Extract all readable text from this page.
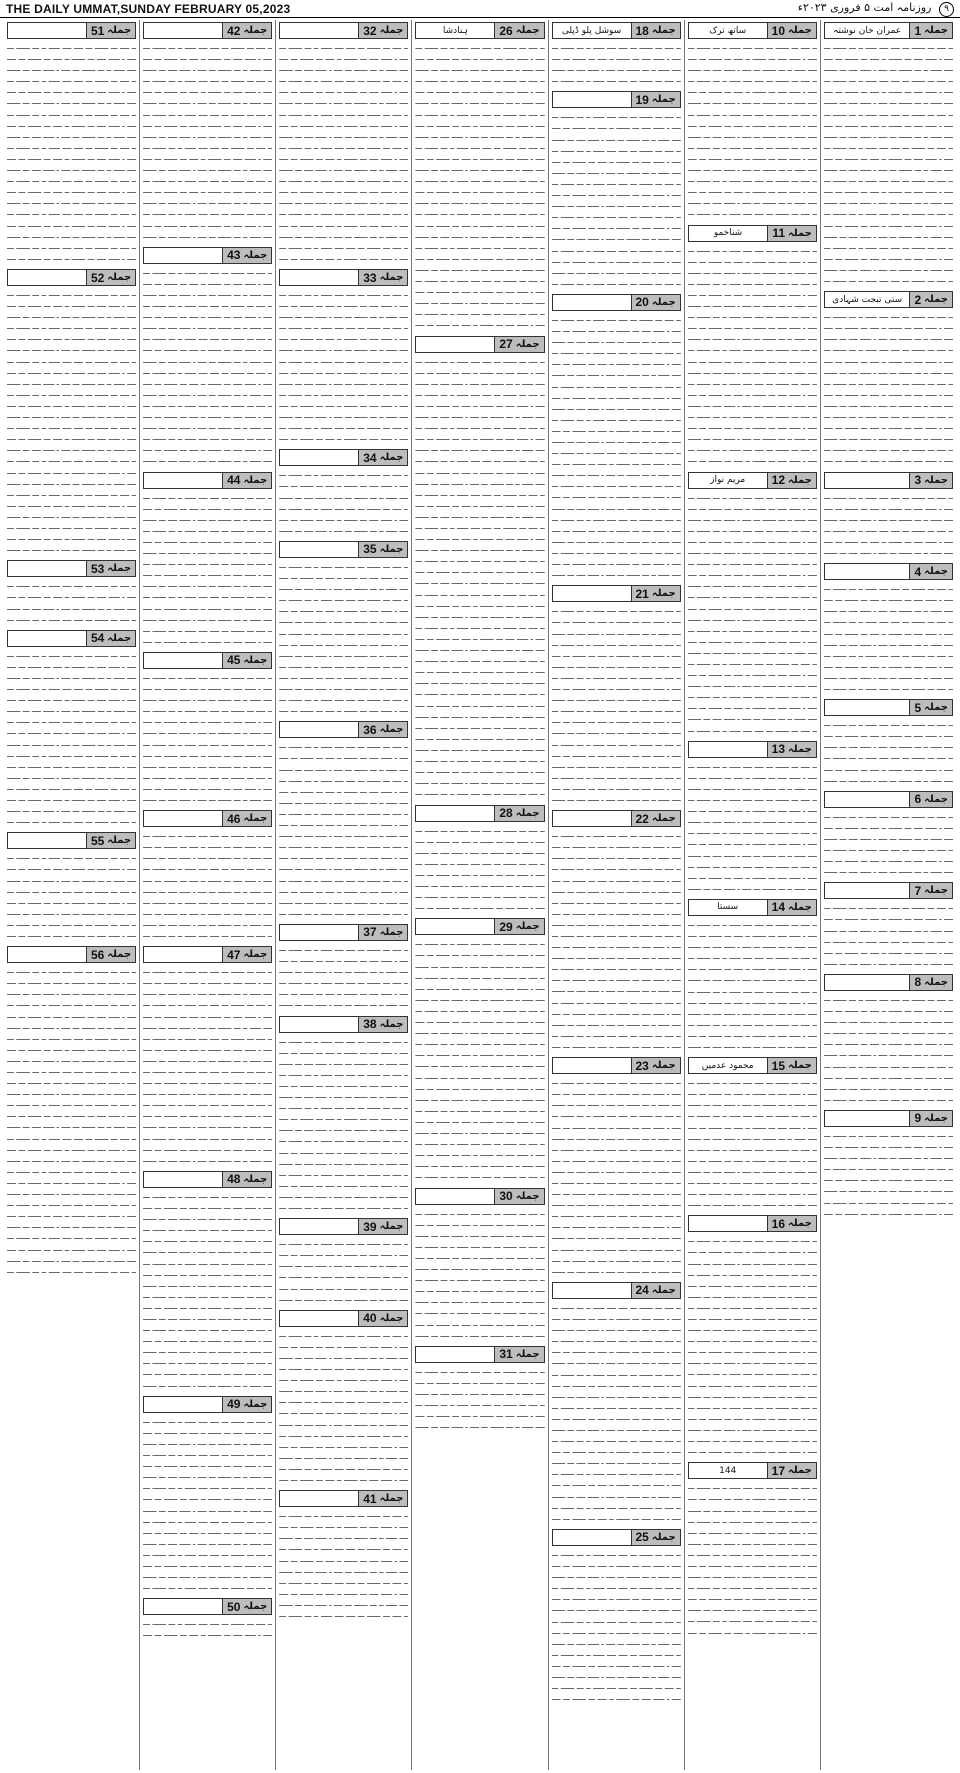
THE DAILY UMMAT,SUNDAY FEBRUARY 05,2023	۹ روزنامہ امت ۵ فروری ۲۰۲۳ء
جملہ
1
عمران خان نوشتہ
ــ ــــ ـــ ــــــ ـــ ــــ ــــ ـــــ ــ ـــ ــــــ ـــ ــــ ـ ـــــ ــــ ـــ ــــــ ــ ــــ ـــ ــــــ ـــ ــــ ــــ ـــــ ــ ـــ ــــــ ـــ ــــ ـ ـــــ ــــ ـــ ــــــ ــ ــــ ـــ ــــــ ـــ ــــ ــــ ـــــ ــ ـــ ــــــ ـــ ــــ ـ ـــــ ــــ ـــ ــــــ ــ ــــ ـــ ــــــ ـــ ــــ ــــ ـــــ ــ ـــ ــــــ ـــ ــــ ـ ـــــ ــــ ـــ ــــــ ــ ــــ ـــ ــــــ ـــ ــــ ــــ ـــــ ــ ـــ ــــــ ـــ ــــ ـ ـــــ ــــ ـــ ــــــ ــ ــــ ـــ ــــــ ـــ ــــ ــــ ـــــ ــ ـــ ــــــ ـــ ــــ ـ ـــــ ــــ ـــ ــــــ ــ ــــ ـــ ــــــ ـــ ــــ ــــ ـــــ ــ ـــ ــــــ ـــ ــــ ـ ـــــ ــــ ـــ ــــــ ــ ــــ ـــ ــــــ ـــ ــــ ــــ ـــــ ــ ـــ ــــــ ـــ ــــ ـ ـــــ ــــ ـــ ــــــ ــ ــــ ـــ ــــــ ـــ ــــ ــــ ـــــ ــ ـــ ــــــ ـــ ــــ ـ ـــــ ــــ ـــ ــــــ ــ ــــ ـــ ــــــ ـــ ــــ ــــ ـــــ ــ ـــ ــــــ ـــ ــــ ـ ـــــ ــــ ـــ ــــــ ــ ــــ ـــ ــــــ ـــ ــــ ــــ ـــــ ــ ـــ ــــــ ـــ ــــ ـ ـــــ ــــ ـــ ــــــ ــ ــــ ـــ ــــــ ـــ ــــ ــــ ـــــ ــ ـــ ــــــ ـــ ــــ ـ ـــــ ــــ ـــ ــــــ ــ ــــ ـــ ــــــ ـــ ــــ ــــ ـــــ ــ ـــ ــــــ ـــ ــــ ـ ـــــ ــــ ـــ ــــــ ــ ــــ ـــ ــــــ ـــ ــــ ــــ ـــــ ــ ـــ ــــــ ـــ ــــ ـ ـــــ ــــ ـــ ــــــ ــ ــــ ـــ ــــــ ـــ ــــ ــــ ـــــ ــ ـــ ــــــ ـــ
جملہ
2
ستی تبجت شہادی
ــ ــــ ـــ ــــــ ـــ ــــ ــــ ـــــ ــ ـــ ــــــ ـــ ــــ ـ ـــــ ــــ ـــ ــــــ ــ ــــ ـــ ــــــ ـــ ــــ ــــ ـــــ ــ ـــ ــــــ ـــ ــــ ـ ـــــ ــــ ـــ ــــــ ــ ــــ ـــ ــــــ ـــ ــــ ــــ ـــــ ــ ـــ ــــــ ـــ ــــ ـ ـــــ ــــ ـــ ــــــ ــ ــــ ـــ ــــــ ـــ ــــ ــــ ـــــ ــ ـــ ــــــ ـــ ــــ ـ ـــــ ــــ ـــ ــــــ ــ ــــ ـــ ــــــ ـــ ــــ ــــ ـــــ ــ ـــ ــــــ ـــ ــــ ـ ـــــ ــــ ـــ ــــــ ــ ــــ ـــ ــــــ ـــ ــــ ــــ ـــــ ــ ـــ ــــــ ـــ ــــ ـ ـــــ ــــ ـــ ــــــ ــ ــــ ـــ ــــــ ـــ ــــ ــــ ـــــ ــ ـــ ــــــ ـــ ــــ ـ ـــــ ــــ ـــ ــــــ ــ ــــ ـــ ــــــ ـــ ــــ ــــ ـــــ ــ ـــ ــــــ ـــ ــــ ـ ـــــ ــــ ـــ ــــــ ــ ــــ ـــ ــــــ ـــ ــــ ــــ ـــــ ــ ـــ ــــــ ـــ ــــ ـ ـــــ ــــ ـــ ــــــ ــ ــــ ـــ ــــــ ـــ ــــ
جملہ
3
ــ ــــ ـــ ــــــ ـــ ــــ ــــ ـــــ ــ ـــ ــــــ ـــ ــــ ـ ـــــ ــــ ـــ ــــــ ــ ــــ ـــ ــــــ ـــ ــــ ــــ ـــــ ــ ـــ ــــــ ـــ ــــ ـ ـــــ ــــ ـــ ــــــ ــ ــــ ـــ ــــــ ـــ ــــ ــــ ـــــ ــ ـــ ــــــ ـــ ــــ ـ ـــــ ــــ ـــ ــــــ ــ ــــ ـــ ــــــ ـــ ــــ ــــ ـــــ ــ ـــ ــــــ ـــ ــــ ـ ـــــ ــــ ـــ ــــــ
جملہ
4
ــ ــــ ـــ ــــــ ـــ ــــ ــــ ـــــ ــ ـــ ــــــ ـــ ــــ ـ ـــــ ــــ ـــ ــــــ ــ ــــ ـــ ــــــ ـــ ــــ ــــ ـــــ ــ ـــ ــــــ ـــ ــــ ـ ـــــ ــــ ـــ ــــــ ــ ــــ ـــ ــــــ ـــ ــــ ــــ ـــــ ــ ـــ ــــــ ـــ ــــ ـ ـــــ ــــ ـــ ــــــ ــ ــــ ـــ ــــــ ـــ ــــ ــــ ـــــ ــ ـــ ــــــ ـــ ــــ ـ ـــــ ــــ ـــ ــــــ ــ ــــ ـــ ــــــ ـــ ــــ ــــ ـــــ ــ ـــ ــــــ ـــ ــــ ـ ـــــ ــــ ـــ ــــــ ــ ــــ ـــ ــــــ ـــ ــــ ــــ ـــــ ــ ـــ ــــــ ـــ ــــ ـ ـــــ ــــ ـــ ــــــ ــ ــــ ـــ ــــــ ـــ ــــ ــــ ـــــ ــ ـــ ــــــ ـــ
جملہ
5
ــ ــــ ـــ ــــــ ـــ ــــ ــــ ـــــ ــ ـــ ــــــ ـــ ــــ ـ ـــــ ــــ ـــ ــــــ ــ ــــ ـــ ــــــ ـــ ــــ ــــ ـــــ ــ ـــ ــــــ ـــ ــــ ـ ـــــ ــــ ـــ ــــــ ــ ــــ ـــ ــــــ ـــ ــــ ــــ ـــــ ــ ـــ ــــــ ـــ ــــ ـ ـــــ ــــ ـــ ــــــ ــ ــــ ـــ ــــــ ـــ ــــ ــــ ـــــ ــ ـــ ــــــ ـــ ــــ ـ ـــــ ــــ ـــ ــــــ
جملہ
6
ــ ــــ ـــ ــــــ ـــ ــــ ــــ ـــــ ــ ـــ ــــــ ـــ ــــ ـ ـــــ ــــ ـــ ــــــ ــ ــــ ـــ ــــــ ـــ ــــ ــــ ـــــ ــ ـــ ــــــ ـــ ــــ ـ ـــــ ــــ ـــ ــــــ ــ ــــ ـــ ــــــ ـــ ــــ ــــ ـــــ ــ ـــ ــــــ ـــ ــــ ـ ـــــ ــــ ـــ ــــــ ــ ــــ ـــ ــــــ ـــ ــــ ــــ ـــــ ــ ـــ ــــــ ـــ ــــ ـ ـــــ ــــ ـــ ــــــ
جملہ
7
ــ ــــ ـــ ــــــ ـــ ــــ ــــ ـــــ ــ ـــ ــــــ ـــ ــــ ـ ـــــ ــــ ـــ ــــــ ــ ــــ ـــ ــــــ ـــ ــــ ــــ ـــــ ــ ـــ ــــــ ـــ ــــ ـ ـــــ ــــ ـــ ــــــ ــ ــــ ـــ ــــــ ـــ ــــ ــــ ـــــ ــ ـــ ــــــ ـــ ــــ ـ ـــــ ــــ ـــ ــــــ ــ ــــ ـــ ــــــ ـــ ــــ ــــ ـــــ ــ ـــ ــــــ ـــ ــــ ـ ـــــ ــــ ـــ ــــــ
جملہ
8
ــ ــــ ـــ ــــــ ـــ ــــ ــــ ـــــ ــ ـــ ــــــ ـــ ــــ ـ ـــــ ــــ ـــ ــــــ ــ ــــ ـــ ــــــ ـــ ــــ ــــ ـــــ ــ ـــ ــــــ ـــ ــــ ـ ـــــ ــــ ـــ ــــــ ــ ــــ ـــ ــــــ ـــ ــــ ــــ ـــــ ــ ـــ ــــــ ـــ ــــ ـ ـــــ ــــ ـــ ــــــ ــ ــــ ـــ ــــــ ـــ ــــ ــــ ـــــ ــ ـــ ــــــ ـــ ــــ ـ ـــــ ــــ ـــ ــــــ ــ ــــ ـــ ــــــ ـــ ــــ ــــ ـــــ ــ ـــ ــــــ ـــ ــــ ـ ـــــ ــــ ـــ ــــــ ــ ــــ ـــ ــــــ ـــ ــــ ــــ ـــــ ــ ـــ ــــــ ـــ ــــ ـ ـــــ ــــ ـــ ــــــ ــ ــــ ـــ ــــــ ـــ ــــ ــــ ـــــ ــ ـــ ــــــ ـــ
جملہ
9
ــ ــــ ـــ ــــــ ـــ ــــ ــــ ـــــ ــ ـــ ــــــ ـــ ــــ ـ ـــــ ــــ ـــ ــــــ ــ ــــ ـــ ــــــ ـــ ــــ ــــ ـــــ ــ ـــ ــــــ ـــ ــــ ـ ـــــ ــــ ـــ ــــــ ــ ــــ ـــ ــــــ ـــ ــــ ــــ ـــــ ــ ـــ ــــــ ـــ ــــ ـ ـــــ ــــ ـــ ــــــ ــ ــــ ـــ ــــــ ـــ ــــ ــــ ـــــ ــ ـــ ــــــ ـــ ــــ ـ ـــــ ــــ ـــ ــــــ ــ ــــ ـــ ــــــ ـــ ــــ ــــ ـــــ ــ ـــ ــــــ ـــ ــــ ـ ـــــ ــــ ـــ ــــــ ــ ــــ ـــ ــــــ ـــ ــــ
جملہ
10
ساتھ ترک
ــ ــــ ـــ ــــــ ـــ ــــ ــــ ـــــ ــ ـــ ــــــ ـــ ــــ ـ ـــــ ــــ ـــ ــــــ ــ ــــ ـــ ــــــ ـــ ــــ ــــ ـــــ ــ ـــ ــــــ ـــ ــــ ـ ـــــ ــــ ـــ ــــــ ــ ــــ ـــ ــــــ ـــ ــــ ــــ ـــــ ــ ـــ ــــــ ـــ ــــ ـ ـــــ ــــ ـــ ــــــ ــ ــــ ـــ ــــــ ـــ ــــ ــــ ـــــ ــ ـــ ــــــ ـــ ــــ ـ ـــــ ــــ ـــ ــــــ ــ ــــ ـــ ــــــ ـــ ــــ ــــ ـــــ ــ ـــ ــــــ ـــ ــــ ـ ـــــ ــــ ـــ ــــــ ــ ــــ ـــ ــــــ ـــ ــــ ــــ ـــــ ــ ـــ ــــــ ـــ ــــ ـ ـــــ ــــ ـــ ــــــ ــ ــــ ـــ ــــــ ـــ ــــ ــــ ـــــ ــ ـــ ــــــ ـــ ــــ ـ ـــــ ــــ ـــ ــــــ ــ ــــ ـــ ــــــ ـــ ــــ ــــ ـــــ ــ ـــ ــــــ ـــ ــــ ـ ـــــ ــــ ـــ ــــــ ــ ــــ ـــ ــــــ ـــ ــــ ــــ ـــــ ــ ـــ ــــــ ـــ ــــ ـ ـــــ ــــ ـــ ــــــ ــ ــــ ـــ ــــــ ـــ ــــ ــــ ـــــ ــ ـــ ــــــ ـــ ــــ ـ ـــــ ــــ ـــ ــــــ ــ ــــ ـــ ــــــ ـــ ــــ ــــ ـــــ ــ ـــ ــــــ ـــ
جملہ
11
شناخمو
ــ ــــ ـــ ــــــ ـــ ــــ ــــ ـــــ ــ ـــ ــــــ ـــ ــــ ـ ـــــ ــــ ـــ ــــــ ــ ــــ ـــ ــــــ ـــ ــــ ــــ ـــــ ــ ـــ ــــــ ـــ ــــ ـ ـــــ ــــ ـــ ــــــ ــ ــــ ـــ ــــــ ـــ ــــ ــــ ـــــ ــ ـــ ــــــ ـــ ــــ ـ ـــــ ــــ ـــ ــــــ ــ ــــ ـــ ــــــ ـــ ــــ ــــ ـــــ ــ ـــ ــــــ ـــ ــــ ـ ـــــ ــــ ـــ ــــــ ــ ــــ ـــ ــــــ ـــ ــــ ــــ ـــــ ــ ـــ ــــــ ـــ ــــ ـ ـــــ ــــ ـــ ــــــ ــ ــــ ـــ ــــــ ـــ ــــ ــــ ـــــ ــ ـــ ــــــ ـــ ــــ ـ ـــــ ــــ ـــ ــــــ ــ ــــ ـــ ــــــ ـــ ــــ ــــ ـــــ ــ ـــ ــــــ ـــ ــــ ـ ـــــ ــــ ـــ ــــــ ــ ــــ ـــ ــــــ ـــ ــــ ــــ ـــــ ــ ـــ ــــــ ـــ ــــ ـ ـــــ ــــ ـــ ــــــ ــ ــــ ـــ ــــــ ـــ ــــ ــــ ـــــ ــ ـــ ــــــ ـــ ــــ ـ ـــــ ــــ ـــ ــــــ ــ ــــ ـــ ــــــ ـــ ــــ ــــ ـــــ ــ ـــ ــــــ ـــ ــــ ـ ـــــ ــــ ـــ ــــــ ــ ــــ ـــ ــــــ ـــ ــــ ــــ ـــــ ــ ـــ ــــــ ـــ ــــ ـ ـــــ ــــ ـــ ــــــ ــ ــــ ـــ ــــــ ـــ ــــ ــــ ـــــ ــ ـــ ــــــ ـــ ــــ ـ ـــــ ــــ ـــ ــــــ ــ ــــ ـــ ــــــ ـــ ــــ ــــ ـــــ ــ ـــ ــــــ ـــ ــــ ـ ـــــ ــــ ـــ ــــــ ــ ــــ ـــ ــــــ ـــ ــــ
جملہ
12
مریم نواز
ــ ــــ ـــ ــــــ ـــ ــــ ــــ ـــــ ــ ـــ ــــــ ـــ ــــ ـ ـــــ ــــ ـــ ــــــ ــ ــــ ـــ ــــــ ـــ ــــ ــــ ـــــ ــ ـــ ــــــ ـــ ــــ ـ ـــــ ــــ ـــ ــــــ ــ ــــ ـــ ــــــ ـــ ــــ ــــ ـــــ ــ ـــ ــــــ ـــ ــــ ـ ـــــ ــــ ـــ ــــــ ــ ــــ ـــ ــــــ ـــ ــــ ــــ ـــــ ــ ـــ ــــــ ـــ ــــ ـ ـــــ ــــ ـــ ــــــ ــ ــــ ـــ ــــــ ـــ ــــ ــــ ـــــ ــ ـــ ــــــ ـــ ــــ ـ ـــــ ــــ ـــ ــــــ ــ ــــ ـــ ــــــ ـــ ــــ ــــ ـــــ ــ ـــ ــــــ ـــ ــــ ـ ـــــ ــــ ـــ ــــــ ــ ــــ ـــ ــــــ ـــ ــــ ــــ ـــــ ــ ـــ ــــــ ـــ ــــ ـ ـــــ ــــ ـــ ــــــ ــ ــــ ـــ ــــــ ـــ ــــ ــــ ـــــ ــ ـــ ــــــ ـــ ــــ ـ ـــــ ــــ ـــ ــــــ ــ ــــ ـــ ــــــ ـــ ــــ ــــ ـــــ ــ ـــ ــــــ ـــ ــــ ـ ـــــ ــــ ـــ ــــــ ــ ــــ ـــ ــــــ ـــ ــــ ــــ ـــــ ــ ـــ ــــــ ـــ ــــ ـ ـــــ ــــ ـــ ــــــ ــ ــــ ـــ ــــــ ـــ ــــ ــــ ـــــ ــ ـــ ــــــ ـــ ــــ ـ ـــــ ــــ ـــ ــــــ ــ ــــ ـــ ــــــ ـــ ــــ ــــ ـــــ ــ ـــ ــــــ ـــ ــــ ـ ـــــ ــــ ـــ ــــــ ــ ــــ ـــ ــــــ ـــ ــــ ــــ ـــــ ــ ـــ ــــــ ـــ ــــ ـ ـــــ ــــ ـــ ــــــ ــ ــــ ـــ ــــــ ـــ ــــ ــــ ـــــ ــ ـــ ــــــ ـــ ــــ ـ ـــــ ــــ ـــ ــــــ ــ ــــ ـــ ــــــ ـــ ــــ ــــ ـــــ ــ ـــ ــــــ ـــ
جملہ
13
ــ ــــ ـــ ــــــ ـــ ــــ ــــ ـــــ ــ ـــ ــــــ ـــ ــــ ـ ـــــ ــــ ـــ ــــــ ــ ــــ ـــ ــــــ ـــ ــــ ــــ ـــــ ــ ـــ ــــــ ـــ ــــ ـ ـــــ ــــ ـــ ــــــ ــ ــــ ـــ ــــــ ـــ ــــ ــــ ـــــ ــ ـــ ــــــ ـــ ــــ ـ ـــــ ــــ ـــ ــــــ ــ ــــ ـــ ــــــ ـــ ــــ ــــ ـــــ ــ ـــ ــــــ ـــ ــــ ـ ـــــ ــــ ـــ ــــــ ــ ــــ ـــ ــــــ ـــ ــــ ــــ ـــــ ــ ـــ ــــــ ـــ ــــ ـ ـــــ ــــ ـــ ــــــ ــ ــــ ـــ ــــــ ـــ ــــ ــــ ـــــ ــ ـــ ــــــ ـــ ــــ ـ ـــــ ــــ ـــ ــــــ ــ ــــ ـــ ــــــ ـــ ــــ ــــ ـــــ ــ ـــ ــــــ ـــ ــــ ـ ـــــ ــــ ـــ ــــــ ــ ــــ ـــ ــــــ ـــ ــــ ــــ ـــــ ــ ـــ ــــــ ـــ ــــ ـ ـــــ ــــ ـــ ــــــ
جملہ
14
سستا
ــ ــــ ـــ ــــــ ـــ ــــ ــــ ـــــ ــ ـــ ــــــ ـــ ــــ ـ ـــــ ــــ ـــ ــــــ ــ ــــ ـــ ــــــ ـــ ــــ ــــ ـــــ ــ ـــ ــــــ ـــ ــــ ـ ـــــ ــــ ـــ ــــــ ــ ــــ ـــ ــــــ ـــ ــــ ــــ ـــــ ــ ـــ ــــــ ـــ ــــ ـ ـــــ ــــ ـــ ــــــ ــ ــــ ـــ ــــــ ـــ ــــ ــــ ـــــ ــ ـــ ــــــ ـــ ــــ ـ ـــــ ــــ ـــ ــــــ ــ ــــ ـــ ــــــ ـــ ــــ ــــ ـــــ ــ ـــ ــــــ ـــ ــــ ـ ـــــ ــــ ـــ ــــــ ــ ــــ ـــ ــــــ ـــ ــــ ــــ ـــــ ــ ـــ ــــــ ـــ ــــ ـ ـــــ ــــ ـــ ــــــ ــ ــــ ـــ ــــــ ـــ ــــ ــــ ـــــ ــ ـــ ــــــ ـــ ــــ ـ ـــــ ــــ ـــ ــــــ ــ ــــ ـــ ــــــ ـــ ــــ ــــ ـــــ ــ ـــ ــــــ ـــ ــــ ـ ـــــ ــــ ـــ ــــــ
جملہ
15
محمود عدمیں
ــ ــــ ـــ ــــــ ـــ ــــ ــــ ـــــ ــ ـــ ــــــ ـــ ــــ ـ ـــــ ــــ ـــ ــــــ ــ ــــ ـــ ــــــ ـــ ــــ ــــ ـــــ ــ ـــ ــــــ ـــ ــــ ـ ـــــ ــــ ـــ ــــــ ــ ــــ ـــ ــــــ ـــ ــــ ــــ ـــــ ــ ـــ ــــــ ـــ ــــ ـ ـــــ ــــ ـــ ــــــ ــ ــــ ـــ ــــــ ـــ ــــ ــــ ـــــ ــ ـــ ــــــ ـــ ــــ ـ ـــــ ــــ ـــ ــــــ ــ ــــ ـــ ــــــ ـــ ــــ ــــ ـــــ ــ ـــ ــــــ ـــ ــــ ـ ـــــ ــــ ـــ ــــــ ــ ــــ ـــ ــــــ ـــ ــــ ــــ ـــــ ــ ـــ ــــــ ـــ ــــ ـ ـــــ ــــ ـــ ــــــ ــ ــــ ـــ ــــــ ـــ ــــ ــــ ـــــ ــ ـــ ــــــ ـــ ــــ ـ ـــــ ــــ ـــ ــــــ ــ ــــ ـــ ــــــ ـــ ــــ ــــ ـــــ ــ ـــ ــــــ ـــ ــــ ـ ـــــ ــــ ـــ ــــــ
جملہ
16
ــ ــــ ـــ ــــــ ـــ ــــ ــــ ـــــ ــ ـــ ــــــ ـــ ــــ ـ ـــــ ــــ ـــ ــــــ ــ ــــ ـــ ــــــ ـــ ــــ ــــ ـــــ ــ ـــ ــــــ ـــ ــــ ـ ـــــ ــــ ـــ ــــــ ــ ــــ ـــ ــــــ ـــ ــــ ــــ ـــــ ــ ـــ ــــــ ـــ ــــ ـ ـــــ ــــ ـــ ــــــ ــ ــــ ـــ ــــــ ـــ ــــ ــــ ـــــ ــ ـــ ــــــ ـــ ــــ ـ ـــــ ــــ ـــ ــــــ ــ ــــ ـــ ــــــ ـــ ــــ ــــ ـــــ ــ ـــ ــــــ ـــ ــــ ـ ـــــ ــــ ـــ ــــــ ــ ــــ ـــ ــــــ ـــ ــــ ــــ ـــــ ــ ـــ ــــــ ـــ ــــ ـ ـــــ ــــ ـــ ــــــ ــ ــــ ـــ ــــــ ـــ ــــ ــــ ـــــ ــ ـــ ــــــ ـــ ــــ ـ ـــــ ــــ ـــ ــــــ ــ ــــ ـــ ــــــ ـــ ــــ ــــ ـــــ ــ ـــ ــــــ ـــ ــــ ـ ـــــ ــــ ـــ ــــــ ــ ــــ ـــ ــــــ ـــ ــــ ــــ ـــــ ــ ـــ ــــــ ـــ ــــ ـ ـــــ ــــ ـــ ــــــ ــ ــــ ـــ ــــــ ـــ ــــ ــــ ـــــ ــ ـــ ــــــ ـــ ــــ ـ ـــــ ــــ ـــ ــــــ ــ ــــ ـــ ــــــ ـــ ــــ ــــ ـــــ ــ ـــ ــــــ ـــ ــــ ـ ـــــ ــــ ـــ ــــــ ــ ــــ ـــ ــــــ ـــ ــــ ــــ ـــــ ــ ـــ ــــــ ـــ ــــ ـ ـــــ ــــ ـــ ــــــ ــ ــــ ـــ ــــــ ـــ ــــ ــــ ـــــ ــ ـــ ــــــ ـــ ــــ ـ ـــــ ــــ ـــ ــــــ ــ ــــ ـــ ــــــ ـــ ــــ
جملہ
17
144
ــ ــــ ـــ ــــــ ـــ ــــ ــــ ـــــ ــ ـــ ــــــ ـــ ــــ ـ ـــــ ــــ ـــ ــــــ ــ ــــ ـــ ــــــ ـــ ــــ ــــ ـــــ ــ ـــ ــــــ ـــ ــــ ـ ـــــ ــــ ـــ ــــــ ــ ــــ ـــ ــــــ ـــ ــــ ــــ ـــــ ــ ـــ ــــــ ـــ ــــ ـ ـــــ ــــ ـــ ــــــ ــ ــــ ـــ ــــــ ـــ ــــ ــــ ـــــ ــ ـــ ــــــ ـــ ــــ ـ ـــــ ــــ ـــ ــــــ ــ ــــ ـــ ــــــ ـــ ــــ ــــ ـــــ ــ ـــ ــــــ ـــ ــــ ـ ـــــ ــــ ـــ ــــــ ــ ــــ ـــ ــــــ ـــ ــــ ــــ ـــــ ــ ـــ ــــــ ـــ ــــ ـ ـــــ ــــ ـــ ــــــ ــ ــــ ـــ ــــــ ـــ ــــ ــــ ـــــ ــ ـــ ــــــ ـــ ــــ ـ ـــــ ــــ ـــ ــــــ ــ ــــ ـــ ــــــ ـــ ــــ ــــ ـــــ ــ ـــ ــــــ ـــ ــــ ـ ـــــ ــــ ـــ ــــــ ــ ــــ ـــ ــــــ ـــ ــــ ــــ ـــــ ــ ـــ ــــــ ـــ ــــ ـ ـــــ ــــ ـــ ــــــ ــ ــــ ـــ ــــــ ـــ ــــ
جملہ
18
سوشل پلو ڈپلی
ــ ــــ ـــ ــــــ ـــ ــــ ــــ ـــــ ــ ـــ ــــــ ـــ ــــ ـ ـــــ ــــ ـــ ــــــ ــ ــــ ـــ ــــــ ـــ ــــ ــــ ـــــ ــ ـــ ــــــ ـــ ــــ ـ ـــــ ــــ ـــ ــــــ ــ ــــ ـــ ــــــ ـــ ــــ ــــ ـــــ ــ ـــ ــــــ ـــ
جملہ
19
ــ ــــ ـــ ــــــ ـــ ــــ ــــ ـــــ ــ ـــ ــــــ ـــ ــــ ـ ـــــ ــــ ـــ ــــــ ــ ــــ ـــ ــــــ ـــ ــــ ــــ ـــــ ــ ـــ ــــــ ـــ ــــ ـ ـــــ ــــ ـــ ــــــ ــ ــــ ـــ ــــــ ـــ ــــ ــــ ـــــ ــ ـــ ــــــ ـــ ــــ ـ ـــــ ــــ ـــ ــــــ ــ ــــ ـــ ــــــ ـــ ــــ ــــ ـــــ ــ ـــ ــــــ ـــ ــــ ـ ـــــ ــــ ـــ ــــــ ــ ــــ ـــ ــــــ ـــ ــــ ــــ ـــــ ــ ـــ ــــــ ـــ ــــ ـ ـــــ ــــ ـــ ــــــ ــ ــــ ـــ ــــــ ـــ ــــ ــــ ـــــ ــ ـــ ــــــ ـــ ــــ ـ ـــــ ــــ ـــ ــــــ ــ ــــ ـــ ــــــ ـــ ــــ ــــ ـــــ ــ ـــ ــــــ ـــ ــــ ـ ـــــ ــــ ـــ ــــــ ــ ــــ ـــ ــــــ ـــ ــــ ــــ ـــــ ــ ـــ ــــــ ـــ ــــ ـ ـــــ ــــ ـــ ــــــ ــ ــــ ـــ ــــــ ـــ ــــ ــــ ـــــ ــ ـــ ــــــ ـــ ــــ ـ ـــــ ــــ ـــ ــــــ ــ ــــ ـــ ــــــ ـــ ــــ ــــ ـــــ ــ ـــ ــــــ ـــ ــــ ـ ـــــ ــــ ـــ ــــــ ــ ــــ ـــ ــــــ ـــ ــــ ــــ ـــــ ــ ـــ ــــــ ـــ
جملہ
20
ــ ــــ ـــ ــــــ ـــ ــــ ــــ ـــــ ــ ـــ ــــــ ـــ ــــ ـ ـــــ ــــ ـــ ــــــ ــ ــــ ـــ ــــــ ـــ ــــ ــــ ـــــ ــ ـــ ــــــ ـــ ــــ ـ ـــــ ــــ ـــ ــــــ ــ ــــ ـــ ــــــ ـــ ــــ ــــ ـــــ ــ ـــ ــــــ ـــ ــــ ـ ـــــ ــــ ـــ ــــــ ــ ــــ ـــ ــــــ ـــ ــــ ــــ ـــــ ــ ـــ ــــــ ـــ ــــ ـ ـــــ ــــ ـــ ــــــ ــ ــــ ـــ ــــــ ـــ ــــ ــــ ـــــ ــ ـــ ــــــ ـــ ــــ ـ ـــــ ــــ ـــ ــــــ ــ ــــ ـــ ــــــ ـــ ــــ ــــ ـــــ ــ ـــ ــــــ ـــ ــــ ـ ـــــ ــــ ـــ ــــــ ــ ــــ ـــ ــــــ ـــ ــــ ــــ ـــــ ــ ـــ ــــــ ـــ ــــ ـ ـــــ ــــ ـــ ــــــ ــ ــــ ـــ ــــــ ـــ ــــ ــــ ـــــ ــ ـــ ــــــ ـــ ــــ ـ ـــــ ــــ ـــ ــــــ ــ ــــ ـــ ــــــ ـــ ــــ ــــ ـــــ ــ ـــ ــــــ ـــ ــــ ـ ـــــ ــــ ـــ ــــــ ــ ــــ ـــ ــــــ ـــ ــــ ــــ ـــــ ــ ـــ ــــــ ـــ ــــ ـ ـــــ ــــ ـــ ــــــ ــ ــــ ـــ ــــــ ـــ ــــ ــــ ـــــ ــ ـــ ــــــ ـــ ــــ ـ ـــــ ــــ ـــ ــــــ ــ ــــ ـــ ــــــ ـــ ــــ ــــ ـــــ ــ ـــ ــــــ ـــ ــــ ـ ـــــ ــــ ـــ ــــــ ــ ــــ ـــ ــــــ ـــ ــــ ــــ ـــــ ــ ـــ ــــــ ـــ ــــ ـ ـــــ ــــ ـــ ــــــ ــ ــــ ـــ ــــــ ـــ ــــ ــــ ـــــ ــ ـــ ــــــ ـــ ــــ ـ ـــــ ــــ ـــ ــــــ ــ ــــ ـــ ــــــ ـــ ــــ ــــ ـــــ ــ ـــ ــــــ ـــ ــــ ـ ـــــ ــــ ـــ ــــــ ــ ــــ ـــ ــــــ ـــ ــــ ــــ ـــــ ــ ـــ ــــــ ـــ ــــ ـ ـــــ ــــ ـــ ــــــ
جملہ
21
ــ ــــ ـــ ــــــ ـــ ــــ ــــ ـــــ ــ ـــ ــــــ ـــ ــــ ـ ـــــ ــــ ـــ ــــــ ــ ــــ ـــ ــــــ ـــ ــــ ــــ ـــــ ــ ـــ ــــــ ـــ ــــ ـ ـــــ ــــ ـــ ــــــ ــ ــــ ـــ ــــــ ـــ ــــ ــــ ـــــ ــ ـــ ــــــ ـــ ــــ ـ ـــــ ــــ ـــ ــــــ ــ ــــ ـــ ــــــ ـــ ــــ ــــ ـــــ ــ ـــ ــــــ ـــ ــــ ـ ـــــ ــــ ـــ ــــــ ــ ــــ ـــ ــــــ ـــ ــــ ــــ ـــــ ــ ـــ ــــــ ـــ ــــ ـ ـــــ ــــ ـــ ــــــ ــ ــــ ـــ ــــــ ـــ ــــ ــــ ـــــ ــ ـــ ــــــ ـــ ــــ ـ ـــــ ــــ ـــ ــــــ ــ ــــ ـــ ــــــ ـــ ــــ ــــ ـــــ ــ ـــ ــــــ ـــ ــــ ـ ـــــ ــــ ـــ ــــــ ــ ــــ ـــ ــــــ ـــ ــــ ــــ ـــــ ــ ـــ ــــــ ـــ ــــ ـ ـــــ ــــ ـــ ــــــ ــ ــــ ـــ ــــــ ـــ ــــ ــــ ـــــ ــ ـــ ــــــ ـــ ــــ ـ ـــــ ــــ ـــ ــــــ ــ ــــ ـــ ــــــ ـــ ــــ ــــ ـــــ ــ ـــ ــــــ ـــ ــــ ـ ـــــ ــــ ـــ ــــــ ــ ــــ ـــ ــــــ ـــ ــــ ــــ ـــــ ــ ـــ ــــــ ـــ ــــ ـ ـــــ ــــ ـــ ــــــ ــ ــــ ـــ ــــــ ـــ ــــ ــــ ـــــ ــ ـــ ــــــ ـــ ــــ ـ ـــــ ــــ ـــ ــــــ
جملہ
22
ــ ــــ ـــ ــــــ ـــ ــــ ــــ ـــــ ــ ـــ ــــــ ـــ ــــ ـ ـــــ ــــ ـــ ــــــ ــ ــــ ـــ ــــــ ـــ ــــ ــــ ـــــ ــ ـــ ــــــ ـــ ــــ ـ ـــــ ــــ ـــ ــــــ ــ ــــ ـــ ــــــ ـــ ــــ ــــ ـــــ ــ ـــ ــــــ ـــ ــــ ـ ـــــ ــــ ـــ ــــــ ــ ــــ ـــ ــــــ ـــ ــــ ــــ ـــــ ــ ـــ ــــــ ـــ ــــ ـ ـــــ ــــ ـــ ــــــ ــ ــــ ـــ ــــــ ـــ ــــ ــــ ـــــ ــ ـــ ــــــ ـــ ــــ ـ ـــــ ــــ ـــ ــــــ ــ ــــ ـــ ــــــ ـــ ــــ ــــ ـــــ ــ ـــ ــــــ ـــ ــــ ـ ـــــ ــــ ـــ ــــــ ــ ــــ ـــ ــــــ ـــ ــــ ــــ ـــــ ــ ـــ ــــــ ـــ ــــ ـ ـــــ ــــ ـــ ــــــ ــ ــــ ـــ ــــــ ـــ ــــ ــــ ـــــ ــ ـــ ــــــ ـــ ــــ ـ ـــــ ــــ ـــ ــــــ ــ ــــ ـــ ــــــ ـــ ــــ ــــ ـــــ ــ ـــ ــــــ ـــ ــــ ـ ـــــ ــــ ـــ ــــــ ــ ــــ ـــ ــــــ ـــ ــــ ــــ ـــــ ــ ـــ ــــــ ـــ ــــ ـ ـــــ ــــ ـــ ــــــ ــ ــــ ـــ ــــــ ـــ ــــ ــــ ـــــ ــ ـــ ــــــ ـــ ــــ ـ ـــــ ــــ ـــ ــــــ ــ ــــ ـــ ــــــ ـــ ــــ ــــ ـــــ ــ ـــ ــــــ ـــ ــــ ـ ـــــ ــــ ـــ ــــــ ــ ــــ ـــ ــــــ ـــ ــــ ــــ ـــــ ــ ـــ ــــــ ـــ ــــ ـ ـــــ ــــ ـــ ــــــ ــ ــــ ـــ ــــــ ـــ ــــ
جملہ
23
ــ ــــ ـــ ــــــ ـــ ــــ ــــ ـــــ ــ ـــ ــــــ ـــ ــــ ـ ـــــ ــــ ـــ ــــــ ــ ــــ ـــ ــــــ ـــ ــــ ــــ ـــــ ــ ـــ ــــــ ـــ ــــ ـ ـــــ ــــ ـــ ــــــ ــ ــــ ـــ ــــــ ـــ ــــ ــــ ـــــ ــ ـــ ــــــ ـــ ــــ ـ ـــــ ــــ ـــ ــــــ ــ ــــ ـــ ــــــ ـــ ــــ ــــ ـــــ ــ ـــ ــــــ ـــ ــــ ـ ـــــ ــــ ـــ ــــــ ــ ــــ ـــ ــــــ ـــ ــــ ــــ ـــــ ــ ـــ ــــــ ـــ ــــ ـ ـــــ ــــ ـــ ــــــ ــ ــــ ـــ ــــــ ـــ ــــ ــــ ـــــ ــ ـــ ــــــ ـــ ــــ ـ ـــــ ــــ ـــ ــــــ ــ ــــ ـــ ــــــ ـــ ــــ ــــ ـــــ ــ ـــ ــــــ ـــ ــــ ـ ـــــ ــــ ـــ ــــــ ــ ــــ ـــ ــــــ ـــ ــــ ــــ ـــــ ــ ـــ ــــــ ـــ ــــ ـ ـــــ ــــ ـــ ــــــ ــ ــــ ـــ ــــــ ـــ ــــ ــــ ـــــ ــ ـــ ــــــ ـــ ــــ ـ ـــــ ــــ ـــ ــــــ ــ ــــ ـــ ــــــ ـــ ــــ ــــ ـــــ ــ ـــ ــــــ ـــ ــــ ـ ـــــ ــــ ـــ ــــــ ــ ــــ ـــ ــــــ ـــ ــــ ــــ ـــــ ــ ـــ ــــــ ـــ ــــ ـ ـــــ ــــ ـــ ــــــ ــ ــــ ـــ ــــــ ـــ ــــ ــــ ـــــ ــ ـــ ــــــ ـــ ــــ ـ ـــــ ــــ ـــ ــــــ
جملہ
24
ــ ــــ ـــ ــــــ ـــ ــــ ــــ ـــــ ــ ـــ ــــــ ـــ ــــ ـ ـــــ ــــ ـــ ــــــ ــ ــــ ـــ ــــــ ـــ ــــ ــــ ـــــ ــ ـــ ــــــ ـــ ــــ ـ ـــــ ــــ ـــ ــــــ ــ ــــ ـــ ــــــ ـــ ــــ ــــ ـــــ ــ ـــ ــــــ ـــ ــــ ـ ـــــ ــــ ـــ ــــــ ــ ــــ ـــ ــــــ ـــ ــــ ــــ ـــــ ــ ـــ ــــــ ـــ ــــ ـ ـــــ ــــ ـــ ــــــ ــ ــــ ـــ ــــــ ـــ ــــ ــــ ـــــ ــ ـــ ــــــ ـــ ــــ ـ ـــــ ــــ ـــ ــــــ ــ ــــ ـــ ــــــ ـــ ــــ ــــ ـــــ ــ ـــ ــــــ ـــ ــــ ـ ـــــ ــــ ـــ ــــــ ــ ــــ ـــ ــــــ ـــ ــــ ــــ ـــــ ــ ـــ ــــــ ـــ ــــ ـ ـــــ ــــ ـــ ــــــ ــ ــــ ـــ ــــــ ـــ ــــ ــــ ـــــ ــ ـــ ــــــ ـــ ــــ ـ ـــــ ــــ ـــ ــــــ ــ ــــ ـــ ــــــ ـــ ــــ ــــ ـــــ ــ ـــ ــــــ ـــ ــــ ـ ـــــ ــــ ـــ ــــــ ــ ــــ ـــ ــــــ ـــ ــــ ــــ ـــــ ــ ـــ ــــــ ـــ ــــ ـ ـــــ ــــ ـــ ــــــ ــ ــــ ـــ ــــــ ـــ ــــ ــــ ـــــ ــ ـــ ــــــ ـــ ــــ ـ ـــــ ــــ ـــ ــــــ ــ ــــ ـــ ــــــ ـــ ــــ ــــ ـــــ ــ ـــ ــــــ ـــ ــــ ـ ـــــ ــــ ـــ ــــــ ــ ــــ ـــ ــــــ ـــ ــــ ــــ ـــــ ــ ـــ ــــــ ـــ ــــ ـ ـــــ ــــ ـــ ــــــ ــ ــــ ـــ ــــــ ـــ ــــ
جملہ
25
ــ ــــ ـــ ــــــ ـــ ــــ ــــ ـــــ ــ ـــ ــــــ ـــ ــــ ـ ـــــ ــــ ـــ ــــــ ــ ــــ ـــ ــــــ ـــ ــــ ــــ ـــــ ــ ـــ ــــــ ـــ ــــ ـ ـــــ ــــ ـــ ــــــ ــ ــــ ـــ ــــــ ـــ ــــ ــــ ـــــ ــ ـــ ــــــ ـــ ــــ ـ ـــــ ــــ ـــ ــــــ ــ ــــ ـــ ــــــ ـــ ــــ ــــ ـــــ ــ ـــ ــــــ ـــ ــــ ـ ـــــ ــــ ـــ ــــــ ــ ــــ ـــ ــــــ ـــ ــــ ــــ ـــــ ــ ـــ ــــــ ـــ ــــ ـ ـــــ ــــ ـــ ــــــ ــ ــــ ـــ ــــــ ـــ ــــ ــــ ـــــ ــ ـــ ــــــ ـــ ــــ ـ ـــــ ــــ ـــ ــــــ ــ ــــ ـــ ــــــ ـــ ــــ ــــ ـــــ ــ ـــ ــــــ ـــ ــــ ـ ـــــ ــــ ـــ ــــــ ــ ــــ ـــ ــــــ ـــ ــــ ــــ ـــــ ــ ـــ ــــــ ـــ ــــ ـ ـــــ ــــ ـــ ــــــ ــ ــــ ـــ ــــــ ـــ ــــ ــــ ـــــ ــ ـــ ــــــ ـــ ــــ ـ ـــــ ــــ ـــ ــــــ ــ ــــ ـــ ــــــ ـــ ــــ
جملہ
26
ہنادشا
ــ ــــ ـــ ــــــ ـــ ــــ ــــ ـــــ ــ ـــ ــــــ ـــ ــــ ـ ـــــ ــــ ـــ ــــــ ــ ــــ ـــ ــــــ ـــ ــــ ــــ ـــــ ــ ـــ ــــــ ـــ ــــ ـ ـــــ ــــ ـــ ــــــ ــ ــــ ـــ ــــــ ـــ ــــ ــــ ـــــ ــ ـــ ــــــ ـــ ــــ ـ ـــــ ــــ ـــ ــــــ ــ ــــ ـــ ــــــ ـــ ــــ ــــ ـــــ ــ ـــ ــــــ ـــ ــــ ـ ـــــ ــــ ـــ ــــــ ــ ــــ ـــ ــــــ ـــ ــــ ــــ ـــــ ــ ـــ ــــــ ـــ ــــ ـ ـــــ ــــ ـــ ــــــ ــ ــــ ـــ ــــــ ـــ ــــ ــــ ـــــ ــ ـــ ــــــ ـــ ــــ ـ ـــــ ــــ ـــ ــــــ ــ ــــ ـــ ــــــ ـــ ــــ ــــ ـــــ ــ ـــ ــــــ ـــ ــــ ـ ـــــ ــــ ـــ ــــــ ــ ــــ ـــ ــــــ ـــ ــــ ــــ ـــــ ــ ـــ ــــــ ـــ ــــ ـ ـــــ ــــ ـــ ــــــ ــ ــــ ـــ ــــــ ـــ ــــ ــــ ـــــ ــ ـــ ــــــ ـــ ــــ ـ ـــــ ــــ ـــ ــــــ ــ ــــ ـــ ــــــ ـــ ــــ ــــ ـــــ ــ ـــ ــــــ ـــ ــــ ـ ـــــ ــــ ـــ ــــــ ــ ــــ ـــ ــــــ ـــ ــــ ــــ ـــــ ــ ـــ ــــــ ـــ ــــ ـ ـــــ ــــ ـــ ــــــ ــ ــــ ـــ ــــــ ـــ ــــ ــــ ـــــ ــ ـــ ــــــ ـــ ــــ ـ ـــــ ــــ ـــ ــــــ ــ ــــ ـــ ــــــ ـــ ــــ ــــ ـــــ ــ ـــ ــــــ ـــ ــــ ـ ـــــ ــــ ـــ ــــــ ــ ــــ ـــ ــــــ ـــ ــــ ــــ ـــــ ــ ـــ ــــــ ـــ ــــ ـ ـــــ ــــ ـــ ــــــ ــ ــــ ـــ ــــــ ـــ ــــ ــــ ـــــ ــ ـــ ــــــ ـــ ــــ ـ ـــــ ــــ ـــ ــــــ ــ ــــ ـــ ــــــ ـــ ــــ ــــ ـــــ ــ ـــ ــــــ ـــ ــــ ـ ـــــ ــــ ـــ ــــــ ــ ــــ ـــ ــــــ ـــ ــــ ــــ ـــــ ــ ـــ ــــــ ـــ ــــ ـ ـــــ ــــ ـــ ــــــ ــ ــــ ـــ ــــــ ـــ ــــ
جملہ
27
ــ ــــ ـــ ــــــ ـــ ــــ ــــ ـــــ ــ ـــ ــــــ ـــ ــــ ـ ـــــ ــــ ـــ ــــــ ــ ــــ ـــ ــــــ ـــ ــــ ــــ ـــــ ــ ـــ ــــــ ـــ ــــ ـ ـــــ ــــ ـــ ــــــ ــ ــــ ـــ ــــــ ـــ ــــ ــــ ـــــ ــ ـــ ــــــ ـــ ــــ ـ ـــــ ــــ ـــ ــــــ ــ ــــ ـــ ــــــ ـــ ــــ ــــ ـــــ ــ ـــ ــــــ ـــ ــــ ـ ـــــ ــــ ـــ ــــــ ــ ــــ ـــ ــــــ ـــ ــــ ــــ ـــــ ــ ـــ ــــــ ـــ ــــ ـ ـــــ ــــ ـــ ــــــ ــ ــــ ـــ ــــــ ـــ ــــ ــــ ـــــ ــ ـــ ــــــ ـــ ــــ ـ ـــــ ــــ ـــ ــــــ ــ ــــ ـــ ــــــ ـــ ــــ ــــ ـــــ ــ ـــ ــــــ ـــ ــــ ـ ـــــ ــــ ـــ ــــــ ــ ــــ ـــ ــــــ ـــ ــــ ــــ ـــــ ــ ـــ ــــــ ـــ ــــ ـ ـــــ ــــ ـــ ــــــ ــ ــــ ـــ ــــــ ـــ ــــ ــــ ـــــ ــ ـــ ــــــ ـــ ــــ ـ ـــــ ــــ ـــ ــــــ ــ ــــ ـــ ــــــ ـــ ــــ ــــ ـــــ ــ ـــ ــــــ ـــ ــــ ـ ـــــ ــــ ـــ ــــــ ــ ــــ ـــ ــــــ ـــ ــــ ــــ ـــــ ــ ـــ ــــــ ـــ ــــ ـ ـــــ ــــ ـــ ــــــ ــ ــــ ـــ ــــــ ـــ ــــ ــــ ـــــ ــ ـــ ــــــ ـــ ــــ ـ ـــــ ــــ ـــ ــــــ ــ ــــ ـــ ــــــ ـــ ــــ ــــ ـــــ ــ ـــ ــــــ ـــ ــــ ـ ـــــ ــــ ـــ ــــــ ــ ــــ ـــ ــــــ ـــ ــــ ــــ ـــــ ــ ـــ ــــــ ـــ ــــ ـ ـــــ ــــ ـــ ــــــ ــ ــــ ـــ ــــــ ـــ ــــ ــــ ـــــ ــ ـــ ــــــ ـــ ــــ ـ ـــــ ــــ ـــ ــــــ ــ ــــ ـــ ــــــ ـــ ــــ ــــ ـــــ ــ ـــ ــــــ ـــ ــــ ـ ـــــ ــــ ـــ ــــــ ــ ــــ ـــ ــــــ ـــ ــــ ــــ ـــــ ــ ـــ ــــــ ـــ ــــ ـ ـــــ ــــ ـــ ــــــ ــ ــــ ـــ ــــــ ـــ ــــ ــــ ـــــ ــ ـــ ــــــ ـــ ــــ ـ ـــــ ــــ ـــ ــــــ ــ ــــ ـــ ــــــ ـــ ــــ ــــ ـــــ ــ ـــ ــــــ ـــ ــــ ـ ـــــ ــــ ـــ ــــــ ــ ــــ ـــ ــــــ ـــ ــــ ــــ ـــــ ــ ـــ ــــــ ـــ ــــ ـ ـــــ ــــ ـــ ــــــ ــ ــــ ـــ ــــــ ـــ ــــ ــــ ـــــ ــ ـــ ــــــ ـــ ــــ ـ ـــــ ــــ ـــ ــــــ ــ ــــ ـــ ــــــ ـــ ــــ ــــ ـــــ ــ ـــ ــــــ ـــ ــــ ـ ـــــ ــــ ـــ ــــــ ــ ــــ ـــ ــــــ ـــ ــــ ــــ ـــــ ــ ـــ ــــــ ـــ ــــ ـ ـــــ ــــ ـــ ــــــ ــ ــــ ـــ ــــــ ـــ ــــ ــــ ـــــ ــ ـــ ــــــ ـــ ــــ ـ ـــــ ــــ ـــ ــــــ ــ ــــ ـــ ــــــ ـــ ــــ ــــ ـــــ ــ ـــ ــــــ ـــ ــــ ـ ـــــ ــــ ـــ ــــــ ــ ــــ ـــ ــــــ ـــ ــــ ــــ ـــــ ــ ـــ ــــــ ـــ ــــ ـ ـــــ ــــ ـــ ــــــ ــ ــــ ـــ ــــــ ـــ ــــ ــــ ـــــ ــ ـــ ــــــ ـــ
جملہ
28
ــ ــــ ـــ ــــــ ـــ ــــ ــــ ـــــ ــ ـــ ــــــ ـــ ــــ ـ ـــــ ــــ ـــ ــــــ ــ ــــ ـــ ــــــ ـــ ــــ ــــ ـــــ ــ ـــ ــــــ ـــ ــــ ـ ـــــ ــــ ـــ ــــــ ــ ــــ ـــ ــــــ ـــ ــــ ــــ ـــــ ــ ـــ ــــــ ـــ ــــ ـ ـــــ ــــ ـــ ــــــ ــ ــــ ـــ ــــــ ـــ ــــ ــــ ـــــ ــ ـــ ــــــ ـــ ــــ ـ ـــــ ــــ ـــ ــــــ ــ ــــ ـــ ــــــ ـــ ــــ ــــ ـــــ ــ ـــ ــــــ ـــ ــــ ـ ـــــ ــــ ـــ ــــــ ــ ــــ ـــ ــــــ ـــ ــــ
جملہ
29
ــ ــــ ـــ ــــــ ـــ ــــ ــــ ـــــ ــ ـــ ــــــ ـــ ــــ ـ ـــــ ــــ ـــ ــــــ ــ ــــ ـــ ــــــ ـــ ــــ ــــ ـــــ ــ ـــ ــــــ ـــ ــــ ـ ـــــ ــــ ـــ ــــــ ــ ــــ ـــ ــــــ ـــ ــــ ــــ ـــــ ــ ـــ ــــــ ـــ ــــ ـ ـــــ ــــ ـــ ــــــ ــ ــــ ـــ ــــــ ـــ ــــ ــــ ـــــ ــ ـــ ــــــ ـــ ــــ ـ ـــــ ــــ ـــ ــــــ ــ ــــ ـــ ــــــ ـــ ــــ ــــ ـــــ ــ ـــ ــــــ ـــ ــــ ـ ـــــ ــــ ـــ ــــــ ــ ــــ ـــ ــــــ ـــ ــــ ــــ ـــــ ــ ـــ ــــــ ـــ ــــ ـ ـــــ ــــ ـــ ــــــ ــ ــــ ـــ ــــــ ـــ ــــ ــــ ـــــ ــ ـــ ــــــ ـــ ــــ ـ ـــــ ــــ ـــ ــــــ ــ ــــ ـــ ــــــ ـــ ــــ ــــ ـــــ ــ ـــ ــــــ ـــ ــــ ـ ـــــ ــــ ـــ ــــــ ــ ــــ ـــ ــــــ ـــ ــــ ــــ ـــــ ــ ـــ ــــــ ـــ ــــ ـ ـــــ ــــ ـــ ــــــ ــ ــــ ـــ ــــــ ـــ ــــ ــــ ـــــ ــ ـــ ــــــ ـــ ــــ ـ ـــــ ــــ ـــ ــــــ ــ ــــ ـــ ــــــ ـــ ــــ ــــ ـــــ ــ ـــ ــــــ ـــ ــــ ـ ـــــ ــــ ـــ ــــــ ــ ــــ ـــ ــــــ ـــ ــــ ــــ ـــــ ــ ـــ ــــــ ـــ ــــ ـ ـــــ ــــ ـــ ــــــ ــ ــــ ـــ ــــــ ـــ ــــ ــــ ـــــ ــ ـــ ــــــ ـــ ــــ ـ ـــــ ــــ ـــ ــــــ ــ ــــ ـــ ــــــ ـــ ــــ ــــ ـــــ ــ ـــ ــــــ ـــ ــــ ـ ـــــ ــــ ـــ ــــــ ــ ــــ ـــ ــــــ ـــ ــــ ــــ ـــــ ــ ـــ ــــــ ـــ
جملہ
30
ــ ــــ ـــ ــــــ ـــ ــــ ــــ ـــــ ــ ـــ ــــــ ـــ ــــ ـ ـــــ ــــ ـــ ــــــ ــ ــــ ـــ ــــــ ـــ ــــ ــــ ـــــ ــ ـــ ــــــ ـــ ــــ ـ ـــــ ــــ ـــ ــــــ ــ ــــ ـــ ــــــ ـــ ــــ ــــ ـــــ ــ ـــ ــــــ ـــ ــــ ـ ـــــ ــــ ـــ ــــــ ــ ــــ ـــ ــــــ ـــ ــــ ــــ ـــــ ــ ـــ ــــــ ـــ ــــ ـ ـــــ ــــ ـــ ــــــ ــ ــــ ـــ ــــــ ـــ ــــ ــــ ـــــ ــ ـــ ــــــ ـــ ــــ ـ ـــــ ــــ ـــ ــــــ ــ ــــ ـــ ــــــ ـــ ــــ ــــ ـــــ ــ ـــ ــــــ ـــ ــــ ـ ـــــ ــــ ـــ ــــــ ــ ــــ ـــ ــــــ ـــ ــــ ــــ ـــــ ــ ـــ ــــــ ـــ ــــ ـ ـــــ ــــ ـــ ــــــ ــ ــــ ـــ ــــــ ـــ ــــ ــــ ـــــ ــ ـــ ــــــ ـــ ــــ ـ ـــــ ــــ ـــ ــــــ
جملہ
31
ــ ــــ ـــ ــــــ ـــ ــــ ــــ ـــــ ــ ـــ ــــــ ـــ ــــ ـ ـــــ ــــ ـــ ــــــ ــ ــــ ـــ ــــــ ـــ ــــ ــــ ـــــ ــ ـــ ــــــ ـــ ــــ ـ ـــــ ــــ ـــ ــــــ ــ ــــ ـــ ــــــ ـــ ــــ ــــ ـــــ ــ ـــ ــــــ ـــ ــــ ـ ـــــ ــــ ـــ ــــــ ــ ــــ ـــ ــــــ ـــ ــــ ــــ ـــــ ــ ـــ ــــــ ـــ ــــ ـ ـــــ ــــ ـــ ــــــ
جملہ
32
ــ ــــ ـــ ــــــ ـــ ــــ ــــ ـــــ ــ ـــ ــــــ ـــ ــــ ـ ـــــ ــــ ـــ ــــــ ــ ــــ ـــ ــــــ ـــ ــــ ــــ ـــــ ــ ـــ ــــــ ـــ ــــ ـ ـــــ ــــ ـــ ــــــ ــ ــــ ـــ ــــــ ـــ ــــ ــــ ـــــ ــ ـــ ــــــ ـــ ــــ ـ ـــــ ــــ ـــ ــــــ ــ ــــ ـــ ــــــ ـــ ــــ ــــ ـــــ ــ ـــ ــــــ ـــ ــــ ـ ـــــ ــــ ـــ ــــــ ــ ــــ ـــ ــــــ ـــ ــــ ــــ ـــــ ــ ـــ ــــــ ـــ ــــ ـ ـــــ ــــ ـــ ــــــ ــ ــــ ـــ ــــــ ـــ ــــ ــــ ـــــ ــ ـــ ــــــ ـــ ــــ ـ ـــــ ــــ ـــ ــــــ ــ ــــ ـــ ــــــ ـــ ــــ ــــ ـــــ ــ ـــ ــــــ ـــ ــــ ـ ـــــ ــــ ـــ ــــــ ــ ــــ ـــ ــــــ ـــ ــــ ــــ ـــــ ــ ـــ ــــــ ـــ ــــ ـ ـــــ ــــ ـــ ــــــ ــ ــــ ـــ ــــــ ـــ ــــ ــــ ـــــ ــ ـــ ــــــ ـــ ــــ ـ ـــــ ــــ ـــ ــــــ ــ ــــ ـــ ــــــ ـــ ــــ ــــ ـــــ ــ ـــ ــــــ ـــ ــــ ـ ـــــ ــــ ـــ ــــــ ــ ــــ ـــ ــــــ ـــ ــــ ــــ ـــــ ــ ـــ ــــــ ـــ ــــ ـ ـــــ ــــ ـــ ــــــ ــ ــــ ـــ ــــــ ـــ ــــ ــــ ـــــ ــ ـــ ــــــ ـــ ــــ ـ ـــــ ــــ ـــ ــــــ ــ ــــ ـــ ــــــ ـــ ــــ ــــ ـــــ ــ ـــ ــــــ ـــ ــــ ـ ـــــ ــــ ـــ ــــــ ــ ــــ ـــ ــــــ ـــ ــــ
جملہ
33
ــ ــــ ـــ ــــــ ـــ ــــ ــــ ـــــ ــ ـــ ــــــ ـــ ــــ ـ ـــــ ــــ ـــ ــــــ ــ ــــ ـــ ــــــ ـــ ــــ ــــ ـــــ ــ ـــ ــــــ ـــ ــــ ـ ـــــ ــــ ـــ ــــــ ــ ــــ ـــ ــــــ ـــ ــــ ــــ ـــــ ــ ـــ ــــــ ـــ ــــ ـ ـــــ ــــ ـــ ــــــ ــ ــــ ـــ ــــــ ـــ ــــ ــــ ـــــ ــ ـــ ــــــ ـــ ــــ ـ ـــــ ــــ ـــ ــــــ ــ ــــ ـــ ــــــ ـــ ــــ ــــ ـــــ ــ ـــ ــــــ ـــ ــــ ـ ـــــ ــــ ـــ ــــــ ــ ــــ ـــ ــــــ ـــ ــــ ــــ ـــــ ــ ـــ ــــــ ـــ ــــ ـ ـــــ ــــ ـــ ــــــ ــ ــــ ـــ ــــــ ـــ ــــ ــــ ـــــ ــ ـــ ــــــ ـــ ــــ ـ ـــــ ــــ ـــ ــــــ ــ ــــ ـــ ــــــ ـــ ــــ ــــ ـــــ ــ ـــ ــــــ ـــ ــــ ـ ـــــ ــــ ـــ ــــــ ــ ــــ ـــ ــــــ ـــ ــــ ــــ ـــــ ــ ـــ ــــــ ـــ ــــ ـ ـــــ ــــ ـــ ــــــ ــ ــــ ـــ ــــــ ـــ ــــ
جملہ
34
ــ ــــ ـــ ــــــ ـــ ــــ ــــ ـــــ ــ ـــ ــــــ ـــ ــــ ـ ـــــ ــــ ـــ ــــــ ــ ــــ ـــ ــــــ ـــ ــــ ــــ ـــــ ــ ـــ ــــــ ـــ ــــ ـ ـــــ ــــ ـــ ــــــ ــ ــــ ـــ ــــــ ـــ ــــ ــــ ـــــ ــ ـــ ــــــ ـــ ــــ ـ ـــــ ــــ ـــ ــــــ ــ ــــ ـــ ــــــ ـــ ــــ ــــ ـــــ ــ ـــ ــــــ ـــ ــــ ـ ـــــ ــــ ـــ ــــــ
جملہ
35
ــ ــــ ـــ ــــــ ـــ ــــ ــــ ـــــ ــ ـــ ــــــ ـــ ــــ ـ ـــــ ــــ ـــ ــــــ ــ ــــ ـــ ــــــ ـــ ــــ ــــ ـــــ ــ ـــ ــــــ ـــ ــــ ـ ـــــ ــــ ـــ ــــــ ــ ــــ ـــ ــــــ ـــ ــــ ــــ ـــــ ــ ـــ ــــــ ـــ ــــ ـ ـــــ ــــ ـــ ــــــ ــ ــــ ـــ ــــــ ـــ ــــ ــــ ـــــ ــ ـــ ــــــ ـــ ــــ ـ ـــــ ــــ ـــ ــــــ ــ ــــ ـــ ــــــ ـــ ــــ ــــ ـــــ ــ ـــ ــــــ ـــ ــــ ـ ـــــ ــــ ـــ ــــــ ــ ــــ ـــ ــــــ ـــ ــــ ــــ ـــــ ــ ـــ ــــــ ـــ ــــ ـ ـــــ ــــ ـــ ــــــ ــ ــــ ـــ ــــــ ـــ ــــ ــــ ـــــ ــ ـــ ــــــ ـــ ــــ ـ ـــــ ــــ ـــ ــــــ ــ ــــ ـــ ــــــ ـــ ــــ ــــ ـــــ ــ ـــ ــــــ ـــ ــــ ـ ـــــ ــــ ـــ ــــــ ــ ــــ ـــ ــــــ ـــ ــــ ــــ ـــــ ــ ـــ ــــــ ـــ ــــ ـ ـــــ ــــ ـــ ــــــ ــ ــــ ـــ ــــــ ـــ ــــ
جملہ
36
ــ ــــ ـــ ــــــ ـــ ــــ ــــ ـــــ ــ ـــ ــــــ ـــ ــــ ـ ـــــ ــــ ـــ ــــــ ــ ــــ ـــ ــــــ ـــ ــــ ــــ ـــــ ــ ـــ ــــــ ـــ ــــ ـ ـــــ ــــ ـــ ــــــ ــ ــــ ـــ ــــــ ـــ ــــ ــــ ـــــ ــ ـــ ــــــ ـــ ــــ ـ ـــــ ــــ ـــ ــــــ ــ ــــ ـــ ــــــ ـــ ــــ ــــ ـــــ ــ ـــ ــــــ ـــ ــــ ـ ـــــ ــــ ـــ ــــــ ــ ــــ ـــ ــــــ ـــ ــــ ــــ ـــــ ــ ـــ ــــــ ـــ ــــ ـ ـــــ ــــ ـــ ــــــ ــ ــــ ـــ ــــــ ـــ ــــ ــــ ـــــ ــ ـــ ــــــ ـــ ــــ ـ ـــــ ــــ ـــ ــــــ ــ ــــ ـــ ــــــ ـــ ــــ ــــ ـــــ ــ ـــ ــــــ ـــ ــــ ـ ـــــ ــــ ـــ ــــــ ــ ــــ ـــ ــــــ ـــ ــــ ــــ ـــــ ــ ـــ ــــــ ـــ ــــ ـ ـــــ ــــ ـــ ــــــ ــ ــــ ـــ ــــــ ـــ ــــ ــــ ـــــ ــ ـــ ــــــ ـــ ــــ ـ ـــــ ــــ ـــ ــــــ ــ ــــ ـــ ــــــ ـــ ــــ ــــ ـــــ ــ ـــ ــــــ ـــ ــــ ـ ـــــ ــــ ـــ ــــــ ــ ــــ ـــ ــــــ ـــ ــــ ــــ ـــــ ــ ـــ ــــــ ـــ
جملہ
37
ــ ــــ ـــ ــــــ ـــ ــــ ــــ ـــــ ــ ـــ ــــــ ـــ ــــ ـ ـــــ ــــ ـــ ــــــ ــ ــــ ـــ ــــــ ـــ ــــ ــــ ـــــ ــ ـــ ــــــ ـــ ــــ ـ ـــــ ــــ ـــ ــــــ ــ ــــ ـــ ــــــ ـــ ــــ ــــ ـــــ ــ ـــ ــــــ ـــ ــــ ـ ـــــ ــــ ـــ ــــــ ــ ــــ ـــ ــــــ ـــ ــــ ــــ ـــــ ــ ـــ ــــــ ـــ ــــ ـ ـــــ ــــ ـــ ــــــ
جملہ
38
ــ ــــ ـــ ــــــ ـــ ــــ ــــ ـــــ ــ ـــ ــــــ ـــ ــــ ـ ـــــ ــــ ـــ ــــــ ــ ــــ ـــ ــــــ ـــ ــــ ــــ ـــــ ــ ـــ ــــــ ـــ ــــ ـ ـــــ ــــ ـــ ــــــ ــ ــــ ـــ ــــــ ـــ ــــ ــــ ـــــ ــ ـــ ــــــ ـــ ــــ ـ ـــــ ــــ ـــ ــــــ ــ ــــ ـــ ــــــ ـــ ــــ ــــ ـــــ ــ ـــ ــــــ ـــ ــــ ـ ـــــ ــــ ـــ ــــــ ــ ــــ ـــ ــــــ ـــ ــــ ــــ ـــــ ــ ـــ ــــــ ـــ ــــ ـ ـــــ ــــ ـــ ــــــ ــ ــــ ـــ ــــــ ـــ ــــ ــــ ـــــ ــ ـــ ــــــ ـــ ــــ ـ ـــــ ــــ ـــ ــــــ ــ ــــ ـــ ــــــ ـــ ــــ ــــ ـــــ ــ ـــ ــــــ ـــ ــــ ـ ـــــ ــــ ـــ ــــــ ــ ــــ ـــ ــــــ ـــ ــــ ــــ ـــــ ــ ـــ ــــــ ـــ ــــ ـ ـــــ ــــ ـــ ــــــ ــ ــــ ـــ ــــــ ـــ ــــ ــــ ـــــ ــ ـــ ــــــ ـــ ــــ ـ ـــــ ــــ ـــ ــــــ ــ ــــ ـــ ــــــ ـــ ــــ ــــ ـــــ ــ ـــ ــــــ ـــ ــــ ـ ـــــ ــــ ـــ ــــــ ــ ــــ ـــ ــــــ ـــ ــــ ــــ ـــــ ــ ـــ ــــــ ـــ
جملہ
39
ــ ــــ ـــ ــــــ ـــ ــــ ــــ ـــــ ــ ـــ ــــــ ـــ ــــ ـ ـــــ ــــ ـــ ــــــ ــ ــــ ـــ ــــــ ـــ ــــ ــــ ـــــ ــ ـــ ــــــ ـــ ــــ ـ ـــــ ــــ ـــ ــــــ ــ ــــ ـــ ــــــ ـــ ــــ ــــ ـــــ ــ ـــ ــــــ ـــ ــــ ـ ـــــ ــــ ـــ ــــــ ــ ــــ ـــ ــــــ ـــ ــــ ــــ ـــــ ــ ـــ ــــــ ـــ ــــ ـ ـــــ ــــ ـــ ــــــ
جملہ
40
ــ ــــ ـــ ــــــ ـــ ــــ ــــ ـــــ ــ ـــ ــــــ ـــ ــــ ـ ـــــ ــــ ـــ ــــــ ــ ــــ ـــ ــــــ ـــ ــــ ــــ ـــــ ــ ـــ ــــــ ـــ ــــ ـ ـــــ ــــ ـــ ــــــ ــ ــــ ـــ ــــــ ـــ ــــ ــــ ـــــ ــ ـــ ــــــ ـــ ــــ ـ ـــــ ــــ ـــ ــــــ ــ ــــ ـــ ــــــ ـــ ــــ ــــ ـــــ ــ ـــ ــــــ ـــ ــــ ـ ـــــ ــــ ـــ ــــــ ــ ــــ ـــ ــــــ ـــ ــــ ــــ ـــــ ــ ـــ ــــــ ـــ ــــ ـ ـــــ ــــ ـــ ــــــ ــ ــــ ـــ ــــــ ـــ ــــ ــــ ـــــ ــ ـــ ــــــ ـــ ــــ ـ ـــــ ــــ ـــ ــــــ ــ ــــ ـــ ــــــ ـــ ــــ ــــ ـــــ ــ ـــ ــــــ ـــ ــــ ـ ـــــ ــــ ـــ ــــــ ــ ــــ ـــ ــــــ ـــ ــــ ــــ ـــــ ــ ـــ ــــــ ـــ ــــ ـ ـــــ ــــ ـــ ــــــ ــ ــــ ـــ ــــــ ـــ ــــ ــــ ـــــ ــ ـــ ــــــ ـــ ــــ ـ ـــــ ــــ ـــ ــــــ ــ ــــ ـــ ــــــ ـــ ــــ
جملہ
41
ــ ــــ ـــ ــــــ ـــ ــــ ــــ ـــــ ــ ـــ ــــــ ـــ ــــ ـ ـــــ ــــ ـــ ــــــ ــ ــــ ـــ ــــــ ـــ ــــ ــــ ـــــ ــ ـــ ــــــ ـــ ــــ ـ ـــــ ــــ ـــ ــــــ ــ ــــ ـــ ــــــ ـــ ــــ ــــ ـــــ ــ ـــ ــــــ ـــ ــــ ـ ـــــ ــــ ـــ ــــــ ــ ــــ ـــ ــــــ ـــ ــــ ــــ ـــــ ــ ـــ ــــــ ـــ ــــ ـ ـــــ ــــ ـــ ــــــ ــ ــــ ـــ ــــــ ـــ ــــ ــــ ـــــ ــ ـــ ــــــ ـــ ــــ ـ ـــــ ــــ ـــ ــــــ ــ ــــ ـــ ــــــ ـــ ــــ ــــ ـــــ ــ ـــ ــــــ ـــ ــــ ـ ـــــ ــــ ـــ ــــــ ــ ــــ ـــ ــــــ ـــ ــــ ــــ ـــــ ــ ـــ ــــــ ـــ
جملہ
42
ــ ــــ ـــ ــــــ ـــ ــــ ــــ ـــــ ــ ـــ ــــــ ـــ ــــ ـ ـــــ ــــ ـــ ــــــ ــ ــــ ـــ ــــــ ـــ ــــ ــــ ـــــ ــ ـــ ــــــ ـــ ــــ ـ ـــــ ــــ ـــ ــــــ ــ ــــ ـــ ــــــ ـــ ــــ ــــ ـــــ ــ ـــ ــــــ ـــ ــــ ـ ـــــ ــــ ـــ ــــــ ــ ــــ ـــ ــــــ ـــ ــــ ــــ ـــــ ــ ـــ ــــــ ـــ ــــ ـ ـــــ ــــ ـــ ــــــ ــ ــــ ـــ ــــــ ـــ ــــ ــــ ـــــ ــ ـــ ــــــ ـــ ــــ ـ ـــــ ــــ ـــ ــــــ ــ ــــ ـــ ــــــ ـــ ــــ ــــ ـــــ ــ ـــ ــــــ ـــ ــــ ـ ـــــ ــــ ـــ ــــــ ــ ــــ ـــ ــــــ ـــ ــــ ــــ ـــــ ــ ـــ ــــــ ـــ ــــ ـ ـــــ ــــ ـــ ــــــ ــ ــــ ـــ ــــــ ـــ ــــ ــــ ـــــ ــ ـــ ــــــ ـــ ــــ ـ ـــــ ــــ ـــ ــــــ ــ ــــ ـــ ــــــ ـــ ــــ ــــ ـــــ ــ ـــ ــــــ ـــ ــــ ـ ـــــ ــــ ـــ ــــــ ــ ــــ ـــ ــــــ ـــ ــــ ــــ ـــــ ــ ـــ ــــــ ـــ ــــ ـ ـــــ ــــ ـــ ــــــ ــ ــــ ـــ ــــــ ـــ ــــ ــــ ـــــ ــ ـــ ــــــ ـــ ــــ ـ ـــــ ــــ ـــ ــــــ ــ ــــ ـــ ــــــ ـــ ــــ ــــ ـــــ ــ ـــ ــــــ ـــ ــــ ـ ـــــ ــــ ـــ ــــــ
جملہ
43
ــ ــــ ـــ ــــــ ـــ ــــ ــــ ـــــ ــ ـــ ــــــ ـــ ــــ ـ ـــــ ــــ ـــ ــــــ ــ ــــ ـــ ــــــ ـــ ــــ ــــ ـــــ ــ ـــ ــــــ ـــ ــــ ـ ـــــ ــــ ـــ ــــــ ــ ــــ ـــ ــــــ ـــ ــــ ــــ ـــــ ــ ـــ ــــــ ـــ ــــ ـ ـــــ ــــ ـــ ــــــ ــ ــــ ـــ ــــــ ـــ ــــ ــــ ـــــ ــ ـــ ــــــ ـــ ــــ ـ ـــــ ــــ ـــ ــــــ ــ ــــ ـــ ــــــ ـــ ــــ ــــ ـــــ ــ ـــ ــــــ ـــ ــــ ـ ـــــ ــــ ـــ ــــــ ــ ــــ ـــ ــــــ ـــ ــــ ــــ ـــــ ــ ـــ ــــــ ـــ ــــ ـ ـــــ ــــ ـــ ــــــ ــ ــــ ـــ ــــــ ـــ ــــ ــــ ـــــ ــ ـــ ــــــ ـــ ــــ ـ ـــــ ــــ ـــ ــــــ ــ ــــ ـــ ــــــ ـــ ــــ ــــ ـــــ ــ ـــ ــــــ ـــ ــــ ـ ـــــ ــــ ـــ ــــــ ــ ــــ ـــ ــــــ ـــ ــــ ــــ ـــــ ــ ـــ ــــــ ـــ ــــ ـ ـــــ ــــ ـــ ــــــ ــ ــــ ـــ ــــــ ـــ ــــ ــــ ـــــ ــ ـــ ــــــ ـــ ــــ ـ ـــــ ــــ ـــ ــــــ ــ ــــ ـــ ــــــ ـــ ــــ ــــ ـــــ ــ ـــ ــــــ ـــ ــــ ـ ـــــ ــــ ـــ ــــــ ــ ــــ ـــ ــــــ ـــ ــــ ــــ ـــــ ــ ـــ ــــــ ـــ ــــ ـ ـــــ ــــ ـــ ــــــ
جملہ
44
ــ ــــ ـــ ــــــ ـــ ــــ ــــ ـــــ ــ ـــ ــــــ ـــ ــــ ـ ـــــ ــــ ـــ ــــــ ــ ــــ ـــ ــــــ ـــ ــــ ــــ ـــــ ــ ـــ ــــــ ـــ ــــ ـ ـــــ ــــ ـــ ــــــ ــ ــــ ـــ ــــــ ـــ ــــ ــــ ـــــ ــ ـــ ــــــ ـــ ــــ ـ ـــــ ــــ ـــ ــــــ ــ ــــ ـــ ــــــ ـــ ــــ ــــ ـــــ ــ ـــ ــــــ ـــ ــــ ـ ـــــ ــــ ـــ ــــــ ــ ــــ ـــ ــــــ ـــ ــــ ــــ ـــــ ــ ـــ ــــــ ـــ ــــ ـ ـــــ ــــ ـــ ــــــ ــ ــــ ـــ ــــــ ـــ ــــ ــــ ـــــ ــ ـــ ــــــ ـــ ــــ ـ ـــــ ــــ ـــ ــــــ ــ ــــ ـــ ــــــ ـــ ــــ ــــ ـــــ ــ ـــ ــــــ ـــ ــــ ـ ـــــ ــــ ـــ ــــــ ــ ــــ ـــ ــــــ ـــ ــــ ــــ ـــــ ــ ـــ ــــــ ـــ ــــ ـ ـــــ ــــ ـــ ــــــ ــ ــــ ـــ ــــــ ـــ ــــ ــــ ـــــ ــ ـــ ــــــ ـــ ــــ ـ ـــــ ــــ ـــ ــــــ ــ ــــ ـــ ــــــ ـــ ــــ
جملہ
45
ــ ــــ ـــ ــــــ ـــ ــــ ــــ ـــــ ــ ـــ ــــــ ـــ ــــ ـ ـــــ ــــ ـــ ــــــ ــ ــــ ـــ ــــــ ـــ ــــ ــــ ـــــ ــ ـــ ــــــ ـــ ــــ ـ ـــــ ــــ ـــ ــــــ ــ ــــ ـــ ــــــ ـــ ــــ ــــ ـــــ ــ ـــ ــــــ ـــ ــــ ـ ـــــ ــــ ـــ ــــــ ــ ــــ ـــ ــــــ ـــ ــــ ــــ ـــــ ــ ـــ ــــــ ـــ ــــ ـ ـــــ ــــ ـــ ــــــ ــ ــــ ـــ ــــــ ـــ ــــ ــــ ـــــ ــ ـــ ــــــ ـــ ــــ ـ ـــــ ــــ ـــ ــــــ ــ ــــ ـــ ــــــ ـــ ــــ ــــ ـــــ ــ ـــ ــــــ ـــ ــــ ـ ـــــ ــــ ـــ ــــــ ــ ــــ ـــ ــــــ ـــ ــــ ــــ ـــــ ــ ـــ ــــــ ـــ ــــ ـ ـــــ ــــ ـــ ــــــ ــ ــــ ـــ ــــــ ـــ ــــ ــــ ـــــ ــ ـــ ــــــ ـــ ــــ ـ ـــــ ــــ ـــ ــــــ
جملہ
46
ــ ــــ ـــ ــــــ ـــ ــــ ــــ ـــــ ــ ـــ ــــــ ـــ ــــ ـ ـــــ ــــ ـــ ــــــ ــ ــــ ـــ ــــــ ـــ ــــ ــــ ـــــ ــ ـــ ــــــ ـــ ــــ ـ ـــــ ــــ ـــ ــــــ ــ ــــ ـــ ــــــ ـــ ــــ ــــ ـــــ ــ ـــ ــــــ ـــ ــــ ـ ـــــ ــــ ـــ ــــــ ــ ــــ ـــ ــــــ ـــ ــــ ــــ ـــــ ــ ـــ ــــــ ـــ ــــ ـ ـــــ ــــ ـــ ــــــ ــ ــــ ـــ ــــــ ـــ ــــ ــــ ـــــ ــ ـــ ــــــ ـــ ــــ ـ ـــــ ــــ ـــ ــــــ ــ ــــ ـــ ــــــ ـــ ــــ ــــ ـــــ ــ ـــ ــــــ ـــ ــــ ـ ـــــ ــــ ـــ ــــــ ــ ــــ ـــ ــــــ ـــ ــــ ــــ ـــــ ــ ـــ ــــــ ـــ
جملہ
47
ــ ــــ ـــ ــــــ ـــ ــــ ــــ ـــــ ــ ـــ ــــــ ـــ ــــ ـ ـــــ ــــ ـــ ــــــ ــ ــــ ـــ ــــــ ـــ ــــ ــــ ـــــ ــ ـــ ــــــ ـــ ــــ ـ ـــــ ــــ ـــ ــــــ ــ ــــ ـــ ــــــ ـــ ــــ ــــ ـــــ ــ ـــ ــــــ ـــ ــــ ـ ـــــ ــــ ـــ ــــــ ــ ــــ ـــ ــــــ ـــ ــــ ــــ ـــــ ــ ـــ ــــــ ـــ ــــ ـ ـــــ ــــ ـــ ــــــ ــ ــــ ـــ ــــــ ـــ ــــ ــــ ـــــ ــ ـــ ــــــ ـــ ــــ ـ ـــــ ــــ ـــ ــــــ ــ ــــ ـــ ــــــ ـــ ــــ ــــ ـــــ ــ ـــ ــــــ ـــ ــــ ـ ـــــ ــــ ـــ ــــــ ــ ــــ ـــ ــــــ ـــ ــــ ــــ ـــــ ــ ـــ ــــــ ـــ ــــ ـ ـــــ ــــ ـــ ــــــ ــ ــــ ـــ ــــــ ـــ ــــ ــــ ـــــ ــ ـــ ــــــ ـــ ــــ ـ ـــــ ــــ ـــ ــــــ ــ ــــ ـــ ــــــ ـــ ــــ ــــ ـــــ ــ ـــ ــــــ ـــ ــــ ـ ـــــ ــــ ـــ ــــــ ــ ــــ ـــ ــــــ ـــ ــــ ــــ ـــــ ــ ـــ ــــــ ـــ ــــ ـ ـــــ ــــ ـــ ــــــ ــ ــــ ـــ ــــــ ـــ ــــ ــــ ـــــ ــ ـــ ــــــ ـــ ــــ ـ ـــــ ــــ ـــ ــــــ ــ ــــ ـــ ــــــ ـــ ــــ ــــ ـــــ ــ ـــ ــــــ ـــ ــــ ـ ـــــ ــــ ـــ ــــــ
جملہ
48
ــ ــــ ـــ ــــــ ـــ ــــ ــــ ـــــ ــ ـــ ــــــ ـــ ــــ ـ ـــــ ــــ ـــ ــــــ ــ ــــ ـــ ــــــ ـــ ــــ ــــ ـــــ ــ ـــ ــــــ ـــ ــــ ـ ـــــ ــــ ـــ ــــــ ــ ــــ ـــ ــــــ ـــ ــــ ــــ ـــــ ــ ـــ ــــــ ـــ ــــ ـ ـــــ ــــ ـــ ــــــ ــ ــــ ـــ ــــــ ـــ ــــ ــــ ـــــ ــ ـــ ــــــ ـــ ــــ ـ ـــــ ــــ ـــ ــــــ ــ ــــ ـــ ــــــ ـــ ــــ ــــ ـــــ ــ ـــ ــــــ ـــ ــــ ـ ـــــ ــــ ـــ ــــــ ــ ــــ ـــ ــــــ ـــ ــــ ــــ ـــــ ــ ـــ ــــــ ـــ ــــ ـ ـــــ ــــ ـــ ــــــ ــ ــــ ـــ ــــــ ـــ ــــ ــــ ـــــ ــ ـــ ــــــ ـــ ــــ ـ ـــــ ــــ ـــ ــــــ ــ ــــ ـــ ــــــ ـــ ــــ ــــ ـــــ ــ ـــ ــــــ ـــ ــــ ـ ـــــ ــــ ـــ ــــــ ــ ــــ ـــ ــــــ ـــ ــــ ــــ ـــــ ــ ـــ ــــــ ـــ ــــ ـ ـــــ ــــ ـــ ــــــ ــ ــــ ـــ ــــــ ـــ ــــ ــــ ـــــ ــ ـــ ــــــ ـــ ــــ ـ ـــــ ــــ ـــ ــــــ ــ ــــ ـــ ــــــ ـــ ــــ ــــ ـــــ ــ ـــ ــــــ ـــ ــــ ـ ـــــ ــــ ـــ ــــــ ــ ــــ ـــ ــــــ ـــ ــــ ــــ ـــــ ــ ـــ ــــــ ـــ ــــ ـ ـــــ ــــ ـــ ــــــ
جملہ
49
ــ ــــ ـــ ــــــ ـــ ــــ ــــ ـــــ ــ ـــ ــــــ ـــ ــــ ـ ـــــ ــــ ـــ ــــــ ــ ــــ ـــ ــــــ ـــ ــــ ــــ ـــــ ــ ـــ ــــــ ـــ ــــ ـ ـــــ ــــ ـــ ــــــ ــ ــــ ـــ ــــــ ـــ ــــ ــــ ـــــ ــ ـــ ــــــ ـــ ــــ ـ ـــــ ــــ ـــ ــــــ ــ ــــ ـــ ــــــ ـــ ــــ ــــ ـــــ ــ ـــ ــــــ ـــ ــــ ـ ـــــ ــــ ـــ ــــــ ــ ــــ ـــ ــــــ ـــ ــــ ــــ ـــــ ــ ـــ ــــــ ـــ ــــ ـ ـــــ ــــ ـــ ــــــ ــ ــــ ـــ ــــــ ـــ ــــ ــــ ـــــ ــ ـــ ــــــ ـــ ــــ ـ ـــــ ــــ ـــ ــــــ ــ ــــ ـــ ــــــ ـــ ــــ ــــ ـــــ ــ ـــ ــــــ ـــ ــــ ـ ـــــ ــــ ـــ ــــــ ــ ــــ ـــ ــــــ ـــ ــــ ــــ ـــــ ــ ـــ ــــــ ـــ ــــ ـ ـــــ ــــ ـــ ــــــ ــ ــــ ـــ ــــــ ـــ ــــ ــــ ـــــ ــ ـــ ــــــ ـــ ــــ ـ ـــــ ــــ ـــ ــــــ ــ ــــ ـــ ــــــ ـــ ــــ ــــ ـــــ ــ ـــ ــــــ ـــ ــــ ـ ـــــ ــــ ـــ ــــــ ــ ــــ ـــ ــــــ ـــ ــــ ــــ ـــــ ــ ـــ ــــــ ـــ
جملہ
50
ــ ــــ ـــ ــــــ ـــ ــــ ــــ ـــــ ــ ـــ ــــــ ـــ ــــ ـ ـــــ ــــ ـــ ــــــ ــ ــــ ـــ ــــــ ـــ ــــ
جملہ
51
ــ ــــ ـــ ــــــ ـــ ــــ ــــ ـــــ ــ ـــ ــــــ ـــ ــــ ـ ـــــ ــــ ـــ ــــــ ــ ــــ ـــ ــــــ ـــ ــــ ــــ ـــــ ــ ـــ ــــــ ـــ ــــ ـ ـــــ ــــ ـــ ــــــ ــ ــــ ـــ ــــــ ـــ ــــ ــــ ـــــ ــ ـــ ــــــ ـــ ــــ ـ ـــــ ــــ ـــ ــــــ ــ ــــ ـــ ــــــ ـــ ــــ ــــ ـــــ ــ ـــ ــــــ ـــ ــــ ـ ـــــ ــــ ـــ ــــــ ــ ــــ ـــ ــــــ ـــ ــــ ــــ ـــــ ــ ـــ ــــــ ـــ ــــ ـ ـــــ ــــ ـــ ــــــ ــ ــــ ـــ ــــــ ـــ ــــ ــــ ـــــ ــ ـــ ــــــ ـــ ــــ ـ ـــــ ــــ ـــ ــــــ ــ ــــ ـــ ــــــ ـــ ــــ ــــ ـــــ ــ ـــ ــــــ ـــ ــــ ـ ـــــ ــــ ـــ ــــــ ــ ــــ ـــ ــــــ ـــ ــــ ــــ ـــــ ــ ـــ ــــــ ـــ ــــ ـ ـــــ ــــ ـــ ــــــ ــ ــــ ـــ ــــــ ـــ ــــ ــــ ـــــ ــ ـــ ــــــ ـــ ــــ ـ ـــــ ــــ ـــ ــــــ ــ ــــ ـــ ــــــ ـــ ــــ ــــ ـــــ ــ ـــ ــــــ ـــ ــــ ـ ـــــ ــــ ـــ ــــــ ــ ــــ ـــ ــــــ ـــ ــــ ــــ ـــــ ــ ـــ ــــــ ـــ ــــ ـ ـــــ ــــ ـــ ــــــ ــ ــــ ـــ ــــــ ـــ ــــ ــــ ـــــ ــ ـــ ــــــ ـــ ــــ ـ ـــــ ــــ ـــ ــــــ ــ ــــ ـــ ــــــ ـــ ــــ ــــ ـــــ ــ ـــ ــــــ ـــ ــــ ـ ـــــ ــــ ـــ ــــــ ــ ــــ ـــ ــــــ ـــ ــــ
جملہ
52
ــ ــــ ـــ ــــــ ـــ ــــ ــــ ـــــ ــ ـــ ــــــ ـــ ــــ ـ ـــــ ــــ ـــ ــــــ ــ ــــ ـــ ــــــ ـــ ــــ ــــ ـــــ ــ ـــ ــــــ ـــ ــــ ـ ـــــ ــــ ـــ ــــــ ــ ــــ ـــ ــــــ ـــ ــــ ــــ ـــــ ــ ـــ ــــــ ـــ ــــ ـ ـــــ ــــ ـــ ــــــ ــ ــــ ـــ ــــــ ـــ ــــ ــــ ـــــ ــ ـــ ــــــ ـــ ــــ ـ ـــــ ــــ ـــ ــــــ ــ ــــ ـــ ــــــ ـــ ــــ ــــ ـــــ ــ ـــ ــــــ ـــ ــــ ـ ـــــ ــــ ـــ ــــــ ــ ــــ ـــ ــــــ ـــ ــــ ــــ ـــــ ــ ـــ ــــــ ـــ ــــ ـ ـــــ ــــ ـــ ــــــ ــ ــــ ـــ ــــــ ـــ ــــ ــــ ـــــ ــ ـــ ــــــ ـــ ــــ ـ ـــــ ــــ ـــ ــــــ ــ ــــ ـــ ــــــ ـــ ــــ ــــ ـــــ ــ ـــ ــــــ ـــ ــــ ـ ـــــ ــــ ـــ ــــــ ــ ــــ ـــ ــــــ ـــ ــــ ــــ ـــــ ــ ـــ ــــــ ـــ ــــ ـ ـــــ ــــ ـــ ــــــ ــ ــــ ـــ ــــــ ـــ ــــ ــــ ـــــ ــ ـــ ــــــ ـــ ــــ ـ ـــــ ــــ ـــ ــــــ ــ ــــ ـــ ــــــ ـــ ــــ ــــ ـــــ ــ ـــ ــــــ ـــ ــــ ـ ـــــ ــــ ـــ ــــــ ــ ــــ ـــ ــــــ ـــ ــــ ــــ ـــــ ــ ـــ ــــــ ـــ ــــ ـ ـــــ ــــ ـــ ــــــ ــ ــــ ـــ ــــــ ـــ ــــ ــــ ـــــ ــ ـــ ــــــ ـــ ــــ ـ ـــــ ــــ ـــ ــــــ ــ ــــ ـــ ــــــ ـــ ــــ ــــ ـــــ ــ ـــ ــــــ ـــ ــــ ـ ـــــ ــــ ـــ ــــــ ــ ــــ ـــ ــــــ ـــ ــــ ــــ ـــــ ــ ـــ ــــــ ـــ ــــ ـ ـــــ ــــ ـــ ــــــ ــ ــــ ـــ ــــــ ـــ ــــ ــــ ـــــ ــ ـــ ــــــ ـــ ــــ ـ ـــــ ــــ ـــ ــــــ
جملہ
53
ــ ــــ ـــ ــــــ ـــ ــــ ــــ ـــــ ــ ـــ ــــــ ـــ ــــ ـ ـــــ ــــ ـــ ــــــ ــ ــــ ـــ ــــــ ـــ ــــ ــــ ـــــ ــ ـــ ــــــ ـــ ــــ ـ ـــــ ــــ ـــ ــــــ ــ ــــ ـــ ــــــ ـــ ــــ ــــ ـــــ ــ ـــ ــــــ ـــ
جملہ
54
ــ ــــ ـــ ــــــ ـــ ــــ ــــ ـــــ ــ ـــ ــــــ ـــ ــــ ـ ـــــ ــــ ـــ ــــــ ــ ــــ ـــ ــــــ ـــ ــــ ــــ ـــــ ــ ـــ ــــــ ـــ ــــ ـ ـــــ ــــ ـــ ــــــ ــ ــــ ـــ ــــــ ـــ ــــ ــــ ـــــ ــ ـــ ــــــ ـــ ــــ ـ ـــــ ــــ ـــ ــــــ ــ ــــ ـــ ــــــ ـــ ــــ ــــ ـــــ ــ ـــ ــــــ ـــ ــــ ـ ـــــ ــــ ـــ ــــــ ــ ــــ ـــ ــــــ ـــ ــــ ــــ ـــــ ــ ـــ ــــــ ـــ ــــ ـ ـــــ ــــ ـــ ــــــ ــ ــــ ـــ ــــــ ـــ ــــ ــــ ـــــ ــ ـــ ــــــ ـــ ــــ ـ ـــــ ــــ ـــ ــــــ ــ ــــ ـــ ــــــ ـــ ــــ ــــ ـــــ ــ ـــ ــــــ ـــ ــــ ـ ـــــ ــــ ـــ ــــــ ــ ــــ ـــ ــــــ ـــ ــــ ــــ ـــــ ــ ـــ ــــــ ـــ ــــ ـ ـــــ ــــ ـــ ــــــ ــ ــــ ـــ ــــــ ـــ ــــ ــــ ـــــ ــ ـــ ــــــ ـــ ــــ ـ ـــــ ــــ ـــ ــــــ ــ ــــ ـــ ــــــ ـــ ــــ ــــ ـــــ ــ ـــ ــــــ ـــ ــــ ـ ـــــ ــــ ـــ ــــــ ــ ــــ ـــ ــــــ ـــ ــــ ــــ ـــــ ــ ـــ ــــــ ـــ
جملہ
55
ــ ــــ ـــ ــــــ ـــ ــــ ــــ ـــــ ــ ـــ ــــــ ـــ ــــ ـ ـــــ ــــ ـــ ــــــ ــ ــــ ـــ ــــــ ـــ ــــ ــــ ـــــ ــ ـــ ــــــ ـــ ــــ ـ ـــــ ــــ ـــ ــــــ ــ ــــ ـــ ــــــ ـــ ــــ ــــ ـــــ ــ ـــ ــــــ ـــ ــــ ـ ـــــ ــــ ـــ ــــــ ــ ــــ ـــ ــــــ ـــ ــــ ــــ ـــــ ــ ـــ ــــــ ـــ ــــ ـ ـــــ ــــ ـــ ــــــ ــ ــــ ـــ ــــــ ـــ ــــ ــــ ـــــ ــ ـــ ــــــ ـــ ــــ ـ ـــــ ــــ ـــ ــــــ ــ ــــ ـــ ــــــ ـــ ــــ
جملہ
56
ــ ــــ ـــ ــــــ ـــ ــــ ــــ ـــــ ــ ـــ ــــــ ـــ ــــ ـ ـــــ ــــ ـــ ــــــ ــ ــــ ـــ ــــــ ـــ ــــ ــــ ـــــ ــ ـــ ــــــ ـــ ــــ ـ ـــــ ــــ ـــ ــــــ ــ ــــ ـــ ــــــ ـــ ــــ ــــ ـــــ ــ ـــ ــــــ ـــ ــــ ـ ـــــ ــــ ـــ ــــــ ــ ــــ ـــ ــــــ ـــ ــــ ــــ ـــــ ــ ـــ ــــــ ـــ ــــ ـ ـــــ ــــ ـــ ــــــ ــ ــــ ـــ ــــــ ـــ ــــ ــــ ـــــ ــ ـــ ــــــ ـــ ــــ ـ ـــــ ــــ ـــ ــــــ ــ ــــ ـــ ــــــ ـــ ــــ ــــ ـــــ ــ ـــ ــــــ ـــ ــــ ـ ـــــ ــــ ـــ ــــــ ــ ــــ ـــ ــــــ ـــ ــــ ــــ ـــــ ــ ـــ ــــــ ـــ ــــ ـ ـــــ ــــ ـــ ــــــ ــ ــــ ـــ ــــــ ـــ ــــ ــــ ـــــ ــ ـــ ــــــ ـــ ــــ ـ ـــــ ــــ ـــ ــــــ ــ ــــ ـــ ــــــ ـــ ــــ ــــ ـــــ ــ ـــ ــــــ ـــ ــــ ـ ـــــ ــــ ـــ ــــــ ــ ــــ ـــ ــــــ ـــ ــــ ــــ ـــــ ــ ـــ ــــــ ـــ ــــ ـ ـــــ ــــ ـــ ــــــ ــ ــــ ـــ ــــــ ـــ ــــ ــــ ـــــ ــ ـــ ــــــ ـــ ــــ ـ ـــــ ــــ ـــ ــــــ ــ ــــ ـــ ــــــ ـــ ــــ ــــ ـــــ ــ ـــ ــــــ ـــ ــــ ـ ـــــ ــــ ـــ ــــــ ــ ــــ ـــ ــــــ ـــ ــــ ــــ ـــــ ــ ـــ ــــــ ـــ ــــ ـ ـــــ ــــ ـــ ــــــ ــ ــــ ـــ ــــــ ـــ ــــ ــــ ـــــ ــ ـــ ــــــ ـــ ــــ ـ ـــــ ــــ ـــ ــــــ ــ ــــ ـــ ــــــ ـــ ــــ ــــ ـــــ ــ ـــ ــــــ ـــ ــــ ـ ـــــ ــــ ـــ ــــــ ــ ــــ ـــ ــــــ ـــ ــــ ــــ ـــــ ــ ـــ ــــــ ـــ ــــ ـ ـــــ ــــ ـــ ــــــ ــ ــــ ـــ ــــــ ـــ ــــ ــــ ـــــ ــ ـــ ــــــ ـــ ــــ ـ ـــــ ــــ ـــ ــــــ ــ ــــ ـــ ــــــ ـــ ــــ ــــ ـــــ ــ ـــ ــــــ ـــ ــــ ـ ـــــ ــــ ـــ ــــــ ــ ــــ ـــ ــــــ ـــ ــــ ــــ ـــــ ــ ـــ ــــــ ـــ
